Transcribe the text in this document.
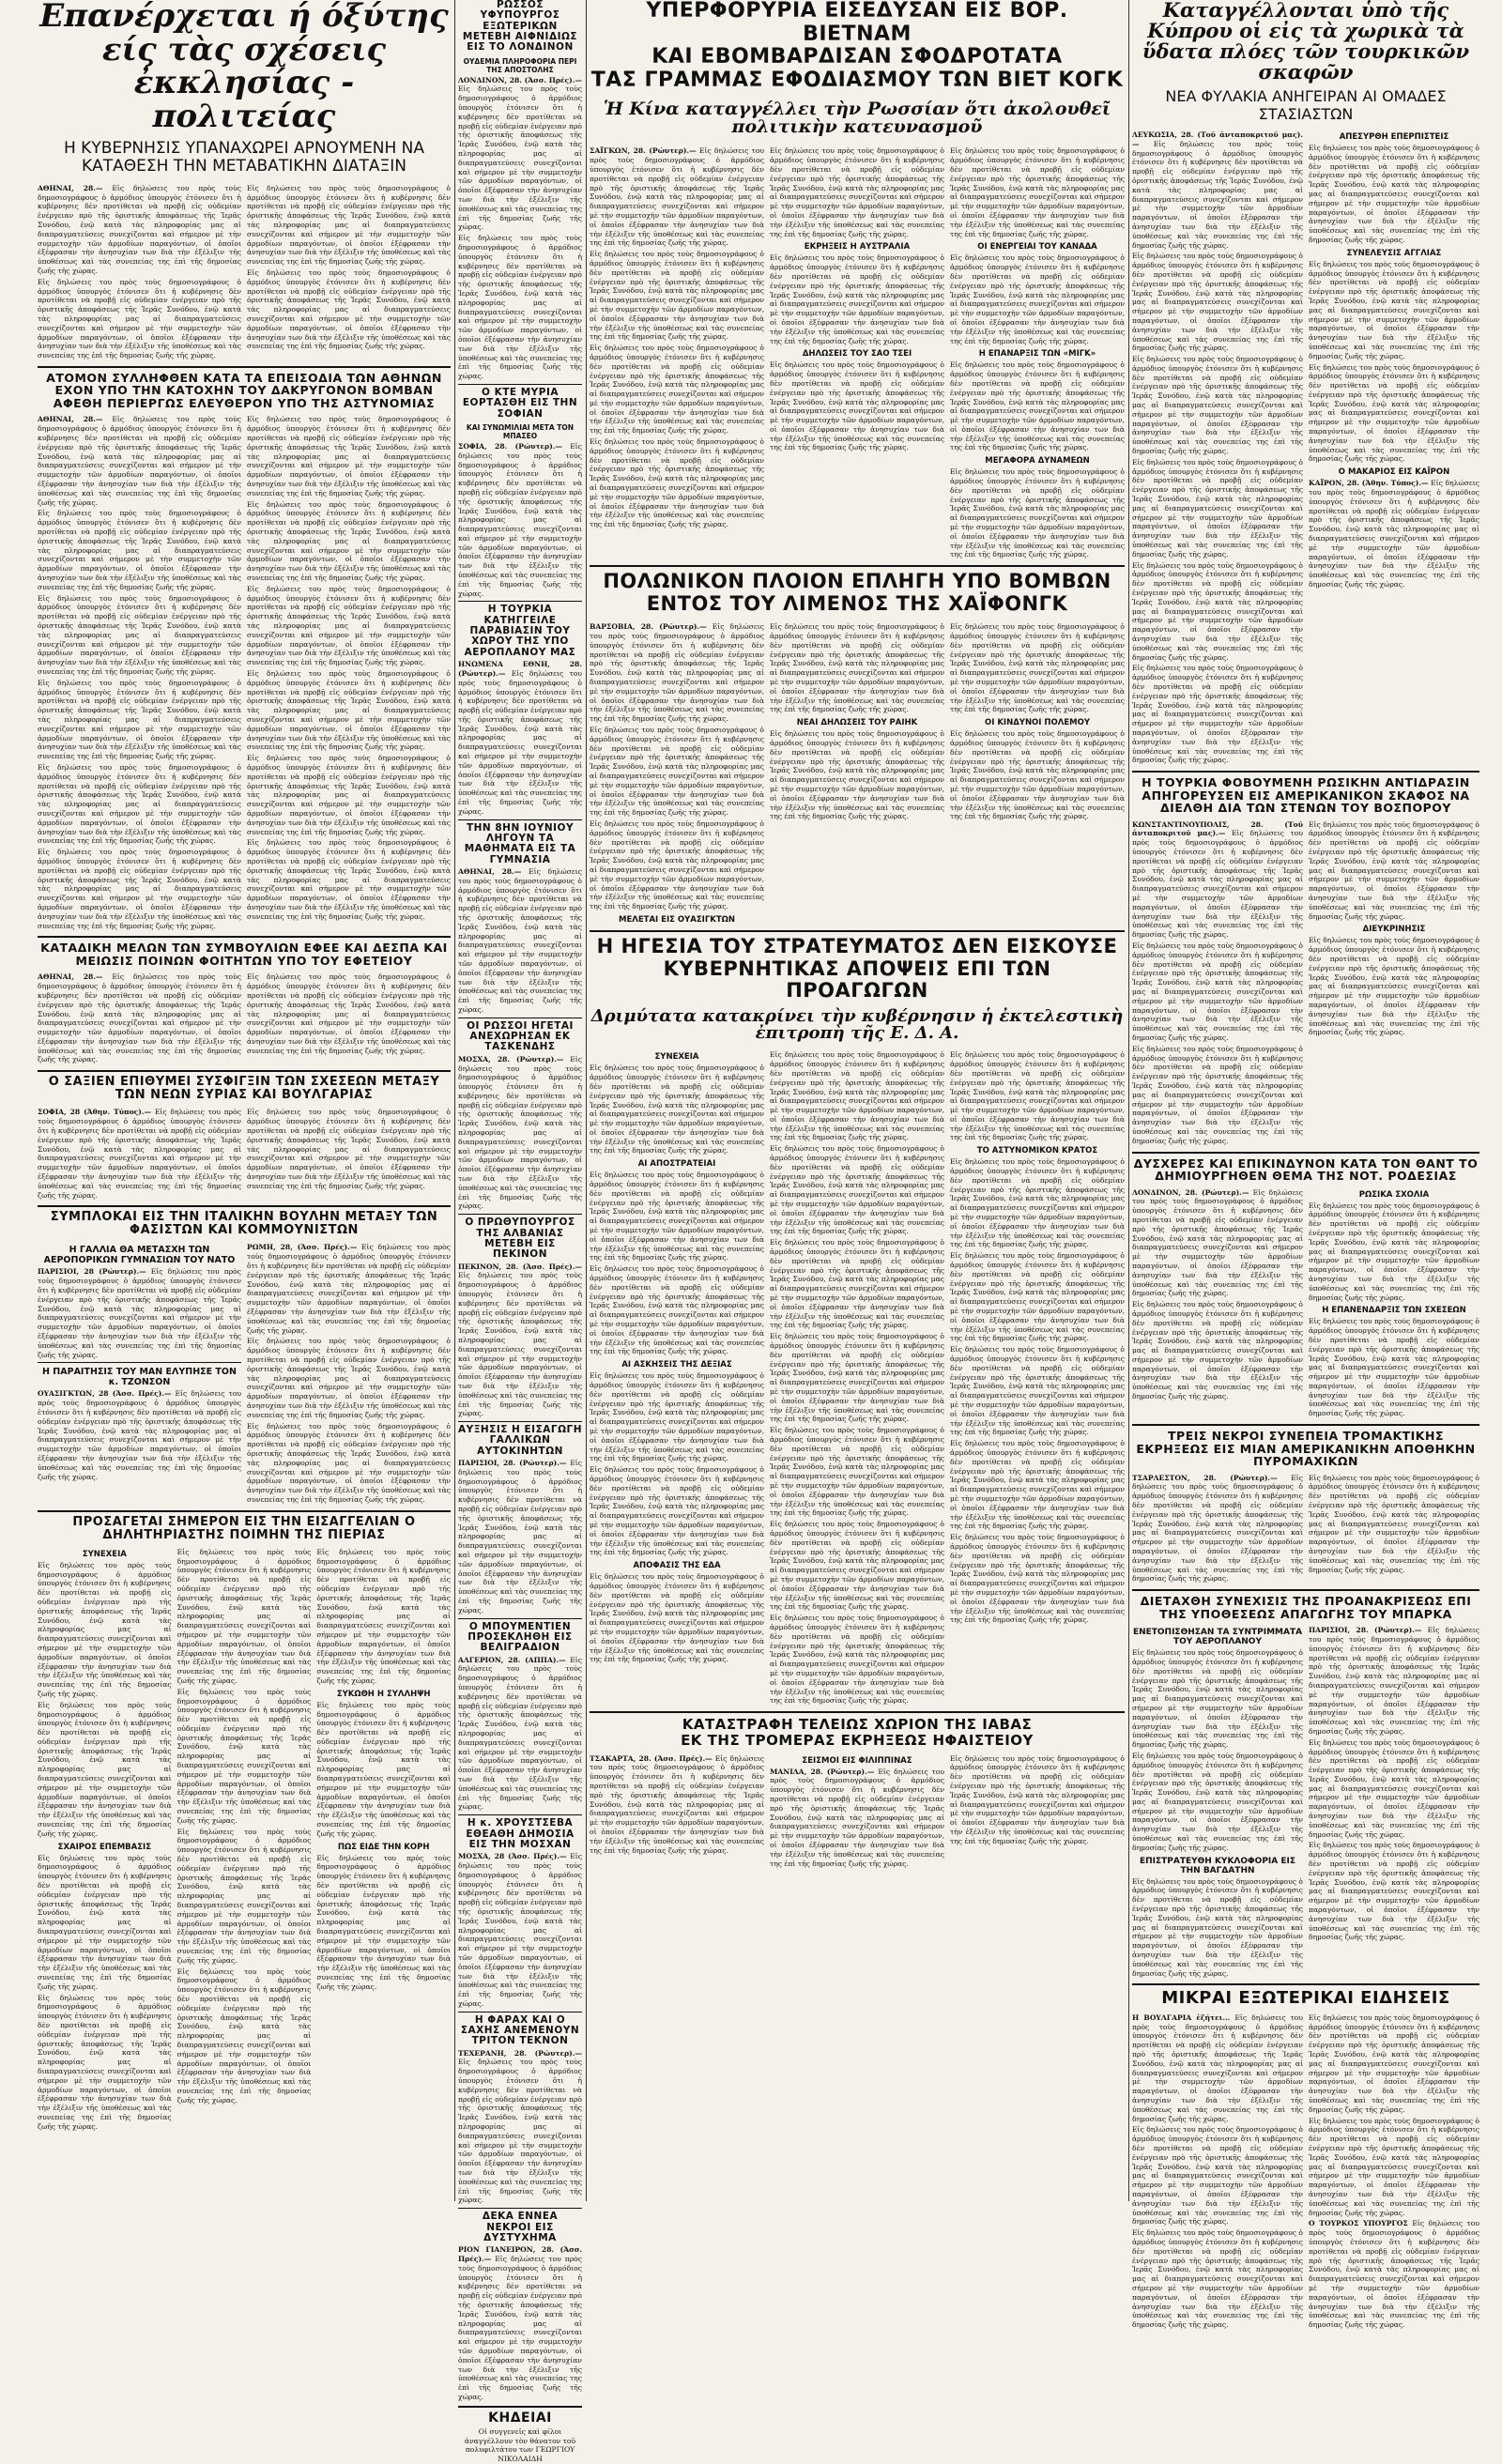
Επανέρχεται ή όξύτης είς τὰς σχέσεις ἐκκλησίας - πολιτείας
Η ΚΥΒΕΡΝΗΣΙΣ ΥΠΑΝΑΧΩΡΕΙ ΑΡΝΟΥΜΕΝΗ ΝΑ ΚΑΤΑΘΕΣΗ ΤΗΝ ΜΕΤΑΒΑΤΙΚΗΝ ΔΙΑΤΑΞΙΝ

ΑΘΗΝΑΙ, 28.— Εἰς δηλώσεις του πρὸς τοὺς δημοσιογράφους ὁ ἀρμόδιος ὑπουργὸς ἐτόνισεν ὅτι ἡ κυβέρνησις δὲν προτίθεται νὰ προβῇ εἰς οὐδεμίαν ἐνέργειαν πρὸ τῆς ὁριστικῆς ἀποφάσεως τῆς Ἱερᾶς Συνόδου, ἐνῷ κατὰ τὰς πληροφορίας μας αἱ διαπραγματεύσεις συνεχίζονται καὶ σήμερον μὲ τὴν συμμετοχὴν τῶν ἁρμοδίων παραγόντων, οἱ ὁποῖοι ἐξέφρασαν τὴν ἀνησυχίαν των διὰ τὴν ἐξέλιξιν τῆς ὑποθέσεως καὶ τὰς συνεπείας της ἐπὶ τῆς δημοσίας ζωῆς τῆς χώρας.

Εἰς δηλώσεις του πρὸς τοὺς δημοσιογράφους ὁ ἀρμόδιος ὑπουργὸς ἐτόνισεν ὅτι ἡ κυβέρνησις δὲν προτίθεται νὰ προβῇ εἰς οὐδεμίαν ἐνέργειαν πρὸ τῆς ὁριστικῆς ἀποφάσεως τῆς Ἱερᾶς Συνόδου, ἐνῷ κατὰ τὰς πληροφορίας μας αἱ διαπραγματεύσεις συνεχίζονται καὶ σήμερον μὲ τὴν συμμετοχὴν τῶν ἁρμοδίων παραγόντων, οἱ ὁποῖοι ἐξέφρασαν τὴν ἀνησυχίαν των διὰ τὴν ἐξέλιξιν τῆς ὑποθέσεως καὶ τὰς συνεπείας της ἐπὶ τῆς δημοσίας ζωῆς τῆς χώρας.

Εἰς δηλώσεις του πρὸς τοὺς δημοσιογράφους ὁ ἀρμόδιος ὑπουργὸς ἐτόνισεν ὅτι ἡ κυβέρνησις δὲν προτίθεται νὰ προβῇ εἰς οὐδεμίαν ἐνέργειαν πρὸ τῆς ὁριστικῆς ἀποφάσεως τῆς Ἱερᾶς Συνόδου, ἐνῷ κατὰ τὰς πληροφορίας μας αἱ διαπραγματεύσεις συνεχίζονται καὶ σήμερον μὲ τὴν συμμετοχὴν τῶν ἁρμοδίων παραγόντων, οἱ ὁποῖοι ἐξέφρασαν τὴν ἀνησυχίαν των διὰ τὴν ἐξέλιξιν τῆς ὑποθέσεως καὶ τὰς συνεπείας της ἐπὶ τῆς δημοσίας ζωῆς τῆς χώρας.

Εἰς δηλώσεις του πρὸς τοὺς δημοσιογράφους ὁ ἀρμόδιος ὑπουργὸς ἐτόνισεν ὅτι ἡ κυβέρνησις δὲν προτίθεται νὰ προβῇ εἰς οὐδεμίαν ἐνέργειαν πρὸ τῆς ὁριστικῆς ἀποφάσεως τῆς Ἱερᾶς Συνόδου, ἐνῷ κατὰ τὰς πληροφορίας μας αἱ διαπραγματεύσεις συνεχίζονται καὶ σήμερον μὲ τὴν συμμετοχὴν τῶν ἁρμοδίων παραγόντων, οἱ ὁποῖοι ἐξέφρασαν τὴν ἀνησυχίαν των διὰ τὴν ἐξέλιξιν τῆς ὑποθέσεως καὶ τὰς συνεπείας της ἐπὶ τῆς δημοσίας ζωῆς τῆς χώρας.

ΑΤΟΜΟΝ ΣΥΛΛΗΦΘΕΝ ΚΑΤΑ ΤΑ ΕΠΕΙΣΟΔΙΑ ΤΩΝ ΑΘΗΝΩΝ ΕΧΟΝ ΥΠΟ ΤΗΝ ΚΑΤΟΧΗΝ ΤΟΥ ΔΑΚΡΥΓΟΝΟΝ ΒΟΜΒΑΝ ΑΦΕΘΗ ΠΕΡΙΕΡΓΩΣ ΕΛΕΥΘΕΡΟΝ ΥΠΟ ΤΗΣ ΑΣΤΥΝΟΜΙΑΣ

ΑΘΗΝΑΙ, 28.— Εἰς δηλώσεις του πρὸς τοὺς δημοσιογράφους ὁ ἀρμόδιος ὑπουργὸς ἐτόνισεν ὅτι ἡ κυβέρνησις δὲν προτίθεται νὰ προβῇ εἰς οὐδεμίαν ἐνέργειαν πρὸ τῆς ὁριστικῆς ἀποφάσεως τῆς Ἱερᾶς Συνόδου, ἐνῷ κατὰ τὰς πληροφορίας μας αἱ διαπραγματεύσεις συνεχίζονται καὶ σήμερον μὲ τὴν συμμετοχὴν τῶν ἁρμοδίων παραγόντων, οἱ ὁποῖοι ἐξέφρασαν τὴν ἀνησυχίαν των διὰ τὴν ἐξέλιξιν τῆς ὑποθέσεως καὶ τὰς συνεπείας της ἐπὶ τῆς δημοσίας ζωῆς τῆς χώρας.

Εἰς δηλώσεις του πρὸς τοὺς δημοσιογράφους ὁ ἀρμόδιος ὑπουργὸς ἐτόνισεν ὅτι ἡ κυβέρνησις δὲν προτίθεται νὰ προβῇ εἰς οὐδεμίαν ἐνέργειαν πρὸ τῆς ὁριστικῆς ἀποφάσεως τῆς Ἱερᾶς Συνόδου, ἐνῷ κατὰ τὰς πληροφορίας μας αἱ διαπραγματεύσεις συνεχίζονται καὶ σήμερον μὲ τὴν συμμετοχὴν τῶν ἁρμοδίων παραγόντων, οἱ ὁποῖοι ἐξέφρασαν τὴν ἀνησυχίαν των διὰ τὴν ἐξέλιξιν τῆς ὑποθέσεως καὶ τὰς συνεπείας της ἐπὶ τῆς δημοσίας ζωῆς τῆς χώρας.

Εἰς δηλώσεις του πρὸς τοὺς δημοσιογράφους ὁ ἀρμόδιος ὑπουργὸς ἐτόνισεν ὅτι ἡ κυβέρνησις δὲν προτίθεται νὰ προβῇ εἰς οὐδεμίαν ἐνέργειαν πρὸ τῆς ὁριστικῆς ἀποφάσεως τῆς Ἱερᾶς Συνόδου, ἐνῷ κατὰ τὰς πληροφορίας μας αἱ διαπραγματεύσεις συνεχίζονται καὶ σήμερον μὲ τὴν συμμετοχὴν τῶν ἁρμοδίων παραγόντων, οἱ ὁποῖοι ἐξέφρασαν τὴν ἀνησυχίαν των διὰ τὴν ἐξέλιξιν τῆς ὑποθέσεως καὶ τὰς συνεπείας της ἐπὶ τῆς δημοσίας ζωῆς τῆς χώρας.

Εἰς δηλώσεις του πρὸς τοὺς δημοσιογράφους ὁ ἀρμόδιος ὑπουργὸς ἐτόνισεν ὅτι ἡ κυβέρνησις δὲν προτίθεται νὰ προβῇ εἰς οὐδεμίαν ἐνέργειαν πρὸ τῆς ὁριστικῆς ἀποφάσεως τῆς Ἱερᾶς Συνόδου, ἐνῷ κατὰ τὰς πληροφορίας μας αἱ διαπραγματεύσεις συνεχίζονται καὶ σήμερον μὲ τὴν συμμετοχὴν τῶν ἁρμοδίων παραγόντων, οἱ ὁποῖοι ἐξέφρασαν τὴν ἀνησυχίαν των διὰ τὴν ἐξέλιξιν τῆς ὑποθέσεως καὶ τὰς συνεπείας της ἐπὶ τῆς δημοσίας ζωῆς τῆς χώρας.

Εἰς δηλώσεις του πρὸς τοὺς δημοσιογράφους ὁ ἀρμόδιος ὑπουργὸς ἐτόνισεν ὅτι ἡ κυβέρνησις δὲν προτίθεται νὰ προβῇ εἰς οὐδεμίαν ἐνέργειαν πρὸ τῆς ὁριστικῆς ἀποφάσεως τῆς Ἱερᾶς Συνόδου, ἐνῷ κατὰ τὰς πληροφορίας μας αἱ διαπραγματεύσεις συνεχίζονται καὶ σήμερον μὲ τὴν συμμετοχὴν τῶν ἁρμοδίων παραγόντων, οἱ ὁποῖοι ἐξέφρασαν τὴν ἀνησυχίαν των διὰ τὴν ἐξέλιξιν τῆς ὑποθέσεως καὶ τὰς συνεπείας της ἐπὶ τῆς δημοσίας ζωῆς τῆς χώρας.

Εἰς δηλώσεις του πρὸς τοὺς δημοσιογράφους ὁ ἀρμόδιος ὑπουργὸς ἐτόνισεν ὅτι ἡ κυβέρνησις δὲν προτίθεται νὰ προβῇ εἰς οὐδεμίαν ἐνέργειαν πρὸ τῆς ὁριστικῆς ἀποφάσεως τῆς Ἱερᾶς Συνόδου, ἐνῷ κατὰ τὰς πληροφορίας μας αἱ διαπραγματεύσεις συνεχίζονται καὶ σήμερον μὲ τὴν συμμετοχὴν τῶν ἁρμοδίων παραγόντων, οἱ ὁποῖοι ἐξέφρασαν τὴν ἀνησυχίαν των διὰ τὴν ἐξέλιξιν τῆς ὑποθέσεως καὶ τὰς συνεπείας της ἐπὶ τῆς δημοσίας ζωῆς τῆς χώρας.

Εἰς δηλώσεις του πρὸς τοὺς δημοσιογράφους ὁ ἀρμόδιος ὑπουργὸς ἐτόνισεν ὅτι ἡ κυβέρνησις δὲν προτίθεται νὰ προβῇ εἰς οὐδεμίαν ἐνέργειαν πρὸ τῆς ὁριστικῆς ἀποφάσεως τῆς Ἱερᾶς Συνόδου, ἐνῷ κατὰ τὰς πληροφορίας μας αἱ διαπραγματεύσεις συνεχίζονται καὶ σήμερον μὲ τὴν συμμετοχὴν τῶν ἁρμοδίων παραγόντων, οἱ ὁποῖοι ἐξέφρασαν τὴν ἀνησυχίαν των διὰ τὴν ἐξέλιξιν τῆς ὑποθέσεως καὶ τὰς συνεπείας της ἐπὶ τῆς δημοσίας ζωῆς τῆς χώρας.

Εἰς δηλώσεις του πρὸς τοὺς δημοσιογράφους ὁ ἀρμόδιος ὑπουργὸς ἐτόνισεν ὅτι ἡ κυβέρνησις δὲν προτίθεται νὰ προβῇ εἰς οὐδεμίαν ἐνέργειαν πρὸ τῆς ὁριστικῆς ἀποφάσεως τῆς Ἱερᾶς Συνόδου, ἐνῷ κατὰ τὰς πληροφορίας μας αἱ διαπραγματεύσεις συνεχίζονται καὶ σήμερον μὲ τὴν συμμετοχὴν τῶν ἁρμοδίων παραγόντων, οἱ ὁποῖοι ἐξέφρασαν τὴν ἀνησυχίαν των διὰ τὴν ἐξέλιξιν τῆς ὑποθέσεως καὶ τὰς συνεπείας της ἐπὶ τῆς δημοσίας ζωῆς τῆς χώρας.

Εἰς δηλώσεις του πρὸς τοὺς δημοσιογράφους ὁ ἀρμόδιος ὑπουργὸς ἐτόνισεν ὅτι ἡ κυβέρνησις δὲν προτίθεται νὰ προβῇ εἰς οὐδεμίαν ἐνέργειαν πρὸ τῆς ὁριστικῆς ἀποφάσεως τῆς Ἱερᾶς Συνόδου, ἐνῷ κατὰ τὰς πληροφορίας μας αἱ διαπραγματεύσεις συνεχίζονται καὶ σήμερον μὲ τὴν συμμετοχὴν τῶν ἁρμοδίων παραγόντων, οἱ ὁποῖοι ἐξέφρασαν τὴν ἀνησυχίαν των διὰ τὴν ἐξέλιξιν τῆς ὑποθέσεως καὶ τὰς συνεπείας της ἐπὶ τῆς δημοσίας ζωῆς τῆς χώρας.

Εἰς δηλώσεις του πρὸς τοὺς δημοσιογράφους ὁ ἀρμόδιος ὑπουργὸς ἐτόνισεν ὅτι ἡ κυβέρνησις δὲν προτίθεται νὰ προβῇ εἰς οὐδεμίαν ἐνέργειαν πρὸ τῆς ὁριστικῆς ἀποφάσεως τῆς Ἱερᾶς Συνόδου, ἐνῷ κατὰ τὰς πληροφορίας μας αἱ διαπραγματεύσεις συνεχίζονται καὶ σήμερον μὲ τὴν συμμετοχὴν τῶν ἁρμοδίων παραγόντων, οἱ ὁποῖοι ἐξέφρασαν τὴν ἀνησυχίαν των διὰ τὴν ἐξέλιξιν τῆς ὑποθέσεως καὶ τὰς συνεπείας της ἐπὶ τῆς δημοσίας ζωῆς τῆς χώρας.

Εἰς δηλώσεις του πρὸς τοὺς δημοσιογράφους ὁ ἀρμόδιος ὑπουργὸς ἐτόνισεν ὅτι ἡ κυβέρνησις δὲν προτίθεται νὰ προβῇ εἰς οὐδεμίαν ἐνέργειαν πρὸ τῆς ὁριστικῆς ἀποφάσεως τῆς Ἱερᾶς Συνόδου, ἐνῷ κατὰ τὰς πληροφορίας μας αἱ διαπραγματεύσεις συνεχίζονται καὶ σήμερον μὲ τὴν συμμετοχὴν τῶν ἁρμοδίων παραγόντων, οἱ ὁποῖοι ἐξέφρασαν τὴν ἀνησυχίαν των διὰ τὴν ἐξέλιξιν τῆς ὑποθέσεως καὶ τὰς συνεπείας της ἐπὶ τῆς δημοσίας ζωῆς τῆς χώρας.

Εἰς δηλώσεις του πρὸς τοὺς δημοσιογράφους ὁ ἀρμόδιος ὑπουργὸς ἐτόνισεν ὅτι ἡ κυβέρνησις δὲν προτίθεται νὰ προβῇ εἰς οὐδεμίαν ἐνέργειαν πρὸ τῆς ὁριστικῆς ἀποφάσεως τῆς Ἱερᾶς Συνόδου, ἐνῷ κατὰ τὰς πληροφορίας μας αἱ διαπραγματεύσεις συνεχίζονται καὶ σήμερον μὲ τὴν συμμετοχὴν τῶν ἁρμοδίων παραγόντων, οἱ ὁποῖοι ἐξέφρασαν τὴν ἀνησυχίαν των διὰ τὴν ἐξέλιξιν τῆς ὑποθέσεως καὶ τὰς συνεπείας της ἐπὶ τῆς δημοσίας ζωῆς τῆς χώρας.

ΚΑΤΑΔΙΚΗ ΜΕΛΩΝ ΤΩΝ ΣΥΜΒΟΥΛΙΩΝ ΕΦΕΕ ΚΑΙ ΔΕΣΠΑ ΚΑΙ ΜΕΙΩΣΙΣ ΠΟΙΝΩΝ ΦΟΙΤΗΤΩΝ ΥΠΟ ΤΟΥ ΕΦΕΤΕΙΟΥ

ΑΘΗΝΑΙ, 28.— Εἰς δηλώσεις του πρὸς τοὺς δημοσιογράφους ὁ ἀρμόδιος ὑπουργὸς ἐτόνισεν ὅτι ἡ κυβέρνησις δὲν προτίθεται νὰ προβῇ εἰς οὐδεμίαν ἐνέργειαν πρὸ τῆς ὁριστικῆς ἀποφάσεως τῆς Ἱερᾶς Συνόδου, ἐνῷ κατὰ τὰς πληροφορίας μας αἱ διαπραγματεύσεις συνεχίζονται καὶ σήμερον μὲ τὴν συμμετοχὴν τῶν ἁρμοδίων παραγόντων, οἱ ὁποῖοι ἐξέφρασαν τὴν ἀνησυχίαν των διὰ τὴν ἐξέλιξιν τῆς ὑποθέσεως καὶ τὰς συνεπείας της ἐπὶ τῆς δημοσίας ζωῆς τῆς χώρας.

Εἰς δηλώσεις του πρὸς τοὺς δημοσιογράφους ὁ ἀρμόδιος ὑπουργὸς ἐτόνισεν ὅτι ἡ κυβέρνησις δὲν προτίθεται νὰ προβῇ εἰς οὐδεμίαν ἐνέργειαν πρὸ τῆς ὁριστικῆς ἀποφάσεως τῆς Ἱερᾶς Συνόδου, ἐνῷ κατὰ τὰς πληροφορίας μας αἱ διαπραγματεύσεις συνεχίζονται καὶ σήμερον μὲ τὴν συμμετοχὴν τῶν ἁρμοδίων παραγόντων, οἱ ὁποῖοι ἐξέφρασαν τὴν ἀνησυχίαν των διὰ τὴν ἐξέλιξιν τῆς ὑποθέσεως καὶ τὰς συνεπείας της ἐπὶ τῆς δημοσίας ζωῆς τῆς χώρας.

Ο ΣΑΞΙΕΝ ΕΠΙΘΥΜΕΙ ΣΥΣΦΙΓΞΙΝ ΤΩΝ ΣΧΕΣΕΩΝ ΜΕΤΑΞΥ ΤΩΝ ΝΕΩΝ ΣΥΡΙΑΣ ΚΑΙ ΒΟΥΛΓΑΡΙΑΣ

ΣΟΦΙΑ, 28 (Ἀθην. Τύπος).— Εἰς δηλώσεις του πρὸς τοὺς δημοσιογράφους ὁ ἀρμόδιος ὑπουργὸς ἐτόνισεν ὅτι ἡ κυβέρνησις δὲν προτίθεται νὰ προβῇ εἰς οὐδεμίαν ἐνέργειαν πρὸ τῆς ὁριστικῆς ἀποφάσεως τῆς Ἱερᾶς Συνόδου, ἐνῷ κατὰ τὰς πληροφορίας μας αἱ διαπραγματεύσεις συνεχίζονται καὶ σήμερον μὲ τὴν συμμετοχὴν τῶν ἁρμοδίων παραγόντων, οἱ ὁποῖοι ἐξέφρασαν τὴν ἀνησυχίαν των διὰ τὴν ἐξέλιξιν τῆς ὑποθέσεως καὶ τὰς συνεπείας της ἐπὶ τῆς δημοσίας ζωῆς τῆς χώρας.

Εἰς δηλώσεις του πρὸς τοὺς δημοσιογράφους ὁ ἀρμόδιος ὑπουργὸς ἐτόνισεν ὅτι ἡ κυβέρνησις δὲν προτίθεται νὰ προβῇ εἰς οὐδεμίαν ἐνέργειαν πρὸ τῆς ὁριστικῆς ἀποφάσεως τῆς Ἱερᾶς Συνόδου, ἐνῷ κατὰ τὰς πληροφορίας μας αἱ διαπραγματεύσεις συνεχίζονται καὶ σήμερον μὲ τὴν συμμετοχὴν τῶν ἁρμοδίων παραγόντων, οἱ ὁποῖοι ἐξέφρασαν τὴν ἀνησυχίαν των διὰ τὴν ἐξέλιξιν τῆς ὑποθέσεως καὶ τὰς συνεπείας της ἐπὶ τῆς δημοσίας ζωῆς τῆς χώρας.

ΣΥΜΠΛΟΚΑΙ ΕΙΣ ΤΗΝ ΙΤΑΛΙΚΗΝ ΒΟΥΛΗΝ ΜΕΤΑΞΥ ΤΩΝ ΦΑΣΙΣΤΩΝ ΚΑΙ ΚΟΜΜΟΥΝΙΣΤΩΝ
Η ΓΑΛΛΙΑ ΘΑ ΜΕΤΑΣΧΗ ΤΩΝ ΑΕΡΟΠΟΡΙΚΩΝ ΓΥΜΝΑΣΙΩΝ ΤΟΥ ΝΑΤΟ

ΠΑΡΙΣΙΟΙ, 28 (Ρώυτερ).— Εἰς δηλώσεις του πρὸς τοὺς δημοσιογράφους ὁ ἀρμόδιος ὑπουργὸς ἐτόνισεν ὅτι ἡ κυβέρνησις δὲν προτίθεται νὰ προβῇ εἰς οὐδεμίαν ἐνέργειαν πρὸ τῆς ὁριστικῆς ἀποφάσεως τῆς Ἱερᾶς Συνόδου, ἐνῷ κατὰ τὰς πληροφορίας μας αἱ διαπραγματεύσεις συνεχίζονται καὶ σήμερον μὲ τὴν συμμετοχὴν τῶν ἁρμοδίων παραγόντων, οἱ ὁποῖοι ἐξέφρασαν τὴν ἀνησυχίαν των διὰ τὴν ἐξέλιξιν τῆς ὑποθέσεως καὶ τὰς συνεπείας της ἐπὶ τῆς δημοσίας ζωῆς τῆς χώρας.

Η ΠΑΡΑΙΤΗΣΙΣ ΤΟΥ ΜΑΝ ΕΛΥΠΗΣΕ ΤΟΝ κ. ΤΖΟΝΣΟΝ

ΟΥΑΣΙΓΚΤΩΝ, 28 (Ἀσσ. Πρές).— Εἰς δηλώσεις του πρὸς τοὺς δημοσιογράφους ὁ ἀρμόδιος ὑπουργὸς ἐτόνισεν ὅτι ἡ κυβέρνησις δὲν προτίθεται νὰ προβῇ εἰς οὐδεμίαν ἐνέργειαν πρὸ τῆς ὁριστικῆς ἀποφάσεως τῆς Ἱερᾶς Συνόδου, ἐνῷ κατὰ τὰς πληροφορίας μας αἱ διαπραγματεύσεις συνεχίζονται καὶ σήμερον μὲ τὴν συμμετοχὴν τῶν ἁρμοδίων παραγόντων, οἱ ὁποῖοι ἐξέφρασαν τὴν ἀνησυχίαν των διὰ τὴν ἐξέλιξιν τῆς ὑποθέσεως καὶ τὰς συνεπείας της ἐπὶ τῆς δημοσίας ζωῆς τῆς χώρας.

ΡΩΜΗ, 28, (Ἀσσ. Πρές).— Εἰς δηλώσεις του πρὸς τοὺς δημοσιογράφους ὁ ἀρμόδιος ὑπουργὸς ἐτόνισεν ὅτι ἡ κυβέρνησις δὲν προτίθεται νὰ προβῇ εἰς οὐδεμίαν ἐνέργειαν πρὸ τῆς ὁριστικῆς ἀποφάσεως τῆς Ἱερᾶς Συνόδου, ἐνῷ κατὰ τὰς πληροφορίας μας αἱ διαπραγματεύσεις συνεχίζονται καὶ σήμερον μὲ τὴν συμμετοχὴν τῶν ἁρμοδίων παραγόντων, οἱ ὁποῖοι ἐξέφρασαν τὴν ἀνησυχίαν των διὰ τὴν ἐξέλιξιν τῆς ὑποθέσεως καὶ τὰς συνεπείας της ἐπὶ τῆς δημοσίας ζωῆς τῆς χώρας.

Εἰς δηλώσεις του πρὸς τοὺς δημοσιογράφους ὁ ἀρμόδιος ὑπουργὸς ἐτόνισεν ὅτι ἡ κυβέρνησις δὲν προτίθεται νὰ προβῇ εἰς οὐδεμίαν ἐνέργειαν πρὸ τῆς ὁριστικῆς ἀποφάσεως τῆς Ἱερᾶς Συνόδου, ἐνῷ κατὰ τὰς πληροφορίας μας αἱ διαπραγματεύσεις συνεχίζονται καὶ σήμερον μὲ τὴν συμμετοχὴν τῶν ἁρμοδίων παραγόντων, οἱ ὁποῖοι ἐξέφρασαν τὴν ἀνησυχίαν των διὰ τὴν ἐξέλιξιν τῆς ὑποθέσεως καὶ τὰς συνεπείας της ἐπὶ τῆς δημοσίας ζωῆς τῆς χώρας.

Εἰς δηλώσεις του πρὸς τοὺς δημοσιογράφους ὁ ἀρμόδιος ὑπουργὸς ἐτόνισεν ὅτι ἡ κυβέρνησις δὲν προτίθεται νὰ προβῇ εἰς οὐδεμίαν ἐνέργειαν πρὸ τῆς ὁριστικῆς ἀποφάσεως τῆς Ἱερᾶς Συνόδου, ἐνῷ κατὰ τὰς πληροφορίας μας αἱ διαπραγματεύσεις συνεχίζονται καὶ σήμερον μὲ τὴν συμμετοχὴν τῶν ἁρμοδίων παραγόντων, οἱ ὁποῖοι ἐξέφρασαν τὴν ἀνησυχίαν των διὰ τὴν ἐξέλιξιν τῆς ὑποθέσεως καὶ τὰς συνεπείας της ἐπὶ τῆς δημοσίας ζωῆς τῆς χώρας.

ΠΡΟΣΑΓΕΤΑΙ ΣΗΜΕΡΟΝ ΕΙΣ ΤΗΝ ΕΙΣΑΓΓΕΛΙΑΝ Ο ΔΗΛΗΤΗΡΙΑΣΤΗΣ ΠΟΙΜΗΝ ΤΗΣ ΠΙΕΡΙΑΣ
ΣΥΝΕΧΕΙΑ

Εἰς δηλώσεις του πρὸς τοὺς δημοσιογράφους ὁ ἀρμόδιος ὑπουργὸς ἐτόνισεν ὅτι ἡ κυβέρνησις δὲν προτίθεται νὰ προβῇ εἰς οὐδεμίαν ἐνέργειαν πρὸ τῆς ὁριστικῆς ἀποφάσεως τῆς Ἱερᾶς Συνόδου, ἐνῷ κατὰ τὰς πληροφορίας μας αἱ διαπραγματεύσεις συνεχίζονται καὶ σήμερον μὲ τὴν συμμετοχὴν τῶν ἁρμοδίων παραγόντων, οἱ ὁποῖοι ἐξέφρασαν τὴν ἀνησυχίαν των διὰ τὴν ἐξέλιξιν τῆς ὑποθέσεως καὶ τὰς συνεπείας της ἐπὶ τῆς δημοσίας ζωῆς τῆς χώρας.

Εἰς δηλώσεις του πρὸς τοὺς δημοσιογράφους ὁ ἀρμόδιος ὑπουργὸς ἐτόνισεν ὅτι ἡ κυβέρνησις δὲν προτίθεται νὰ προβῇ εἰς οὐδεμίαν ἐνέργειαν πρὸ τῆς ὁριστικῆς ἀποφάσεως τῆς Ἱερᾶς Συνόδου, ἐνῷ κατὰ τὰς πληροφορίας μας αἱ διαπραγματεύσεις συνεχίζονται καὶ σήμερον μὲ τὴν συμμετοχὴν τῶν ἁρμοδίων παραγόντων, οἱ ὁποῖοι ἐξέφρασαν τὴν ἀνησυχίαν των διὰ τὴν ἐξέλιξιν τῆς ὑποθέσεως καὶ τὰς συνεπείας της ἐπὶ τῆς δημοσίας ζωῆς τῆς χώρας.

ΣΧΑΙΡΟΣ ΕΠΕΜΒΑΣΙΣ

Εἰς δηλώσεις του πρὸς τοὺς δημοσιογράφους ὁ ἀρμόδιος ὑπουργὸς ἐτόνισεν ὅτι ἡ κυβέρνησις δὲν προτίθεται νὰ προβῇ εἰς οὐδεμίαν ἐνέργειαν πρὸ τῆς ὁριστικῆς ἀποφάσεως τῆς Ἱερᾶς Συνόδου, ἐνῷ κατὰ τὰς πληροφορίας μας αἱ διαπραγματεύσεις συνεχίζονται καὶ σήμερον μὲ τὴν συμμετοχὴν τῶν ἁρμοδίων παραγόντων, οἱ ὁποῖοι ἐξέφρασαν τὴν ἀνησυχίαν των διὰ τὴν ἐξέλιξιν τῆς ὑποθέσεως καὶ τὰς συνεπείας της ἐπὶ τῆς δημοσίας ζωῆς τῆς χώρας.

Εἰς δηλώσεις του πρὸς τοὺς δημοσιογράφους ὁ ἀρμόδιος ὑπουργὸς ἐτόνισεν ὅτι ἡ κυβέρνησις δὲν προτίθεται νὰ προβῇ εἰς οὐδεμίαν ἐνέργειαν πρὸ τῆς ὁριστικῆς ἀποφάσεως τῆς Ἱερᾶς Συνόδου, ἐνῷ κατὰ τὰς πληροφορίας μας αἱ διαπραγματεύσεις συνεχίζονται καὶ σήμερον μὲ τὴν συμμετοχὴν τῶν ἁρμοδίων παραγόντων, οἱ ὁποῖοι ἐξέφρασαν τὴν ἀνησυχίαν των διὰ τὴν ἐξέλιξιν τῆς ὑποθέσεως καὶ τὰς συνεπείας της ἐπὶ τῆς δημοσίας ζωῆς τῆς χώρας.

Εἰς δηλώσεις του πρὸς τοὺς δημοσιογράφους ὁ ἀρμόδιος ὑπουργὸς ἐτόνισεν ὅτι ἡ κυβέρνησις δὲν προτίθεται νὰ προβῇ εἰς οὐδεμίαν ἐνέργειαν πρὸ τῆς ὁριστικῆς ἀποφάσεως τῆς Ἱερᾶς Συνόδου, ἐνῷ κατὰ τὰς πληροφορίας μας αἱ διαπραγματεύσεις συνεχίζονται καὶ σήμερον μὲ τὴν συμμετοχὴν τῶν ἁρμοδίων παραγόντων, οἱ ὁποῖοι ἐξέφρασαν τὴν ἀνησυχίαν των διὰ τὴν ἐξέλιξιν τῆς ὑποθέσεως καὶ τὰς συνεπείας της ἐπὶ τῆς δημοσίας ζωῆς τῆς χώρας.

Εἰς δηλώσεις του πρὸς τοὺς δημοσιογράφους ὁ ἀρμόδιος ὑπουργὸς ἐτόνισεν ὅτι ἡ κυβέρνησις δὲν προτίθεται νὰ προβῇ εἰς οὐδεμίαν ἐνέργειαν πρὸ τῆς ὁριστικῆς ἀποφάσεως τῆς Ἱερᾶς Συνόδου, ἐνῷ κατὰ τὰς πληροφορίας μας αἱ διαπραγματεύσεις συνεχίζονται καὶ σήμερον μὲ τὴν συμμετοχὴν τῶν ἁρμοδίων παραγόντων, οἱ ὁποῖοι ἐξέφρασαν τὴν ἀνησυχίαν των διὰ τὴν ἐξέλιξιν τῆς ὑποθέσεως καὶ τὰς συνεπείας της ἐπὶ τῆς δημοσίας ζωῆς τῆς χώρας.

Εἰς δηλώσεις του πρὸς τοὺς δημοσιογράφους ὁ ἀρμόδιος ὑπουργὸς ἐτόνισεν ὅτι ἡ κυβέρνησις δὲν προτίθεται νὰ προβῇ εἰς οὐδεμίαν ἐνέργειαν πρὸ τῆς ὁριστικῆς ἀποφάσεως τῆς Ἱερᾶς Συνόδου, ἐνῷ κατὰ τὰς πληροφορίας μας αἱ διαπραγματεύσεις συνεχίζονται καὶ σήμερον μὲ τὴν συμμετοχὴν τῶν ἁρμοδίων παραγόντων, οἱ ὁποῖοι ἐξέφρασαν τὴν ἀνησυχίαν των διὰ τὴν ἐξέλιξιν τῆς ὑποθέσεως καὶ τὰς συνεπείας της ἐπὶ τῆς δημοσίας ζωῆς τῆς χώρας.

Εἰς δηλώσεις του πρὸς τοὺς δημοσιογράφους ὁ ἀρμόδιος ὑπουργὸς ἐτόνισεν ὅτι ἡ κυβέρνησις δὲν προτίθεται νὰ προβῇ εἰς οὐδεμίαν ἐνέργειαν πρὸ τῆς ὁριστικῆς ἀποφάσεως τῆς Ἱερᾶς Συνόδου, ἐνῷ κατὰ τὰς πληροφορίας μας αἱ διαπραγματεύσεις συνεχίζονται καὶ σήμερον μὲ τὴν συμμετοχὴν τῶν ἁρμοδίων παραγόντων, οἱ ὁποῖοι ἐξέφρασαν τὴν ἀνησυχίαν των διὰ τὴν ἐξέλιξιν τῆς ὑποθέσεως καὶ τὰς συνεπείας της ἐπὶ τῆς δημοσίας ζωῆς τῆς χώρας.

Εἰς δηλώσεις του πρὸς τοὺς δημοσιογράφους ὁ ἀρμόδιος ὑπουργὸς ἐτόνισεν ὅτι ἡ κυβέρνησις δὲν προτίθεται νὰ προβῇ εἰς οὐδεμίαν ἐνέργειαν πρὸ τῆς ὁριστικῆς ἀποφάσεως τῆς Ἱερᾶς Συνόδου, ἐνῷ κατὰ τὰς πληροφορίας μας αἱ διαπραγματεύσεις συνεχίζονται καὶ σήμερον μὲ τὴν συμμετοχὴν τῶν ἁρμοδίων παραγόντων, οἱ ὁποῖοι ἐξέφρασαν τὴν ἀνησυχίαν των διὰ τὴν ἐξέλιξιν τῆς ὑποθέσεως καὶ τὰς συνεπείας της ἐπὶ τῆς δημοσίας ζωῆς τῆς χώρας.

ΣΥΚΩΘΗ Η ΣΥΛΛΗΨΗ

Εἰς δηλώσεις του πρὸς τοὺς δημοσιογράφους ὁ ἀρμόδιος ὑπουργὸς ἐτόνισεν ὅτι ἡ κυβέρνησις δὲν προτίθεται νὰ προβῇ εἰς οὐδεμίαν ἐνέργειαν πρὸ τῆς ὁριστικῆς ἀποφάσεως τῆς Ἱερᾶς Συνόδου, ἐνῷ κατὰ τὰς πληροφορίας μας αἱ διαπραγματεύσεις συνεχίζονται καὶ σήμερον μὲ τὴν συμμετοχὴν τῶν ἁρμοδίων παραγόντων, οἱ ὁποῖοι ἐξέφρασαν τὴν ἀνησυχίαν των διὰ τὴν ἐξέλιξιν τῆς ὑποθέσεως καὶ τὰς συνεπείας της ἐπὶ τῆς δημοσίας ζωῆς τῆς χώρας.

ΠΩΣ ΕΙΔΕ ΤΗΝ ΚΟΡΗ

Εἰς δηλώσεις του πρὸς τοὺς δημοσιογράφους ὁ ἀρμόδιος ὑπουργὸς ἐτόνισεν ὅτι ἡ κυβέρνησις δὲν προτίθεται νὰ προβῇ εἰς οὐδεμίαν ἐνέργειαν πρὸ τῆς ὁριστικῆς ἀποφάσεως τῆς Ἱερᾶς Συνόδου, ἐνῷ κατὰ τὰς πληροφορίας μας αἱ διαπραγματεύσεις συνεχίζονται καὶ σήμερον μὲ τὴν συμμετοχὴν τῶν ἁρμοδίων παραγόντων, οἱ ὁποῖοι ἐξέφρασαν τὴν ἀνησυχίαν των διὰ τὴν ἐξέλιξιν τῆς ὑποθέσεως καὶ τὰς συνεπείας της ἐπὶ τῆς δημοσίας ζωῆς τῆς χώρας.

ΡΩΣΣΟΣ ΥΦΥΠΟΥΡΓΟΣ ΕΞΩΤΕΡΙΚΩΝ ΜΕΤΕΒΗ ΑΙΦΝΙΔΙΩΣ ΕΙΣ ΤΟ ΛΟΝΔΙΝΟΝ
ΟΥΔΕΜΙΑ ΠΛΗΡΟΦΟΡΙΑ ΠΕΡΙ ΤΗΣ ΑΠΟΣΤΟΛΗΣ

ΛΟΝΔΙΝΟΝ, 28. (Ἀσσ. Πρές).— Εἰς δηλώσεις του πρὸς τοὺς δημοσιογράφους ὁ ἀρμόδιος ὑπουργὸς ἐτόνισεν ὅτι ἡ κυβέρνησις δὲν προτίθεται νὰ προβῇ εἰς οὐδεμίαν ἐνέργειαν πρὸ τῆς ὁριστικῆς ἀποφάσεως τῆς Ἱερᾶς Συνόδου, ἐνῷ κατὰ τὰς πληροφορίας μας αἱ διαπραγματεύσεις συνεχίζονται καὶ σήμερον μὲ τὴν συμμετοχὴν τῶν ἁρμοδίων παραγόντων, οἱ ὁποῖοι ἐξέφρασαν τὴν ἀνησυχίαν των διὰ τὴν ἐξέλιξιν τῆς ὑποθέσεως καὶ τὰς συνεπείας της ἐπὶ τῆς δημοσίας ζωῆς τῆς χώρας.

Εἰς δηλώσεις του πρὸς τοὺς δημοσιογράφους ὁ ἀρμόδιος ὑπουργὸς ἐτόνισεν ὅτι ἡ κυβέρνησις δὲν προτίθεται νὰ προβῇ εἰς οὐδεμίαν ἐνέργειαν πρὸ τῆς ὁριστικῆς ἀποφάσεως τῆς Ἱερᾶς Συνόδου, ἐνῷ κατὰ τὰς πληροφορίας μας αἱ διαπραγματεύσεις συνεχίζονται καὶ σήμερον μὲ τὴν συμμετοχὴν τῶν ἁρμοδίων παραγόντων, οἱ ὁποῖοι ἐξέφρασαν τὴν ἀνησυχίαν των διὰ τὴν ἐξέλιξιν τῆς ὑποθέσεως καὶ τὰς συνεπείας της ἐπὶ τῆς δημοσίας ζωῆς τῆς χώρας.

Ο ΚΤΕ ΜΥΡΙΑ ΕΟΡΤΑΣΘΗ ΕΙΣ ΤΗΝ ΣΟΦΙΑΝ
ΚΑΙ ΣΥΝΩΜΙΛΙΑΙ ΜΕΤΑ ΤΟΝ ΜΠΑΣΕΟ

ΣΟΦΙΑ, 28. (Ρώυτερ).— Εἰς δηλώσεις του πρὸς τοὺς δημοσιογράφους ὁ ἀρμόδιος ὑπουργὸς ἐτόνισεν ὅτι ἡ κυβέρνησις δὲν προτίθεται νὰ προβῇ εἰς οὐδεμίαν ἐνέργειαν πρὸ τῆς ὁριστικῆς ἀποφάσεως τῆς Ἱερᾶς Συνόδου, ἐνῷ κατὰ τὰς πληροφορίας μας αἱ διαπραγματεύσεις συνεχίζονται καὶ σήμερον μὲ τὴν συμμετοχὴν τῶν ἁρμοδίων παραγόντων, οἱ ὁποῖοι ἐξέφρασαν τὴν ἀνησυχίαν των διὰ τὴν ἐξέλιξιν τῆς ὑποθέσεως καὶ τὰς συνεπείας της ἐπὶ τῆς δημοσίας ζωῆς τῆς χώρας.

Η ΤΟΥΡΚΙΑ ΚΑΤΗΓΓΕΙΛΕ ΠΑΡΑΒΙΑΣΙΝ ΤΟΥ ΧΩΡΟΥ ΤΗΣ ΥΠΟ ΑΕΡΟΠΛΑΝΟΥ ΜΑΣ

ΗΝΩΜΕΝΑ ΕΘΝΗ, 28. (Ρώυτερ).— Εἰς δηλώσεις του πρὸς τοὺς δημοσιογράφους ὁ ἀρμόδιος ὑπουργὸς ἐτόνισεν ὅτι ἡ κυβέρνησις δὲν προτίθεται νὰ προβῇ εἰς οὐδεμίαν ἐνέργειαν πρὸ τῆς ὁριστικῆς ἀποφάσεως τῆς Ἱερᾶς Συνόδου, ἐνῷ κατὰ τὰς πληροφορίας μας αἱ διαπραγματεύσεις συνεχίζονται καὶ σήμερον μὲ τὴν συμμετοχὴν τῶν ἁρμοδίων παραγόντων, οἱ ὁποῖοι ἐξέφρασαν τὴν ἀνησυχίαν των διὰ τὴν ἐξέλιξιν τῆς ὑποθέσεως καὶ τὰς συνεπείας της ἐπὶ τῆς δημοσίας ζωῆς τῆς χώρας.

ΤΗΝ 8ΗΝ ΙΟΥΝΙΟΥ ΛΗΓΟΥΝ ΤΑ ΜΑΘΗΜΑΤΑ ΕΙΣ ΤΑ ΓΥΜΝΑΣΙΑ

ΑΘΗΝΑΙ, 28.— Εἰς δηλώσεις του πρὸς τοὺς δημοσιογράφους ὁ ἀρμόδιος ὑπουργὸς ἐτόνισεν ὅτι ἡ κυβέρνησις δὲν προτίθεται νὰ προβῇ εἰς οὐδεμίαν ἐνέργειαν πρὸ τῆς ὁριστικῆς ἀποφάσεως τῆς Ἱερᾶς Συνόδου, ἐνῷ κατὰ τὰς πληροφορίας μας αἱ διαπραγματεύσεις συνεχίζονται καὶ σήμερον μὲ τὴν συμμετοχὴν τῶν ἁρμοδίων παραγόντων, οἱ ὁποῖοι ἐξέφρασαν τὴν ἀνησυχίαν των διὰ τὴν ἐξέλιξιν τῆς ὑποθέσεως καὶ τὰς συνεπείας της ἐπὶ τῆς δημοσίας ζωῆς τῆς χώρας.

ΟΙ ΡΩΣΣΟΙ ΗΓΕΤΑΙ ΑΝΕΧΩΡΗΣΑΝ ΕΚ ΤΑΣΚΕΝΔΗΣ

ΜΟΣΧΑ, 28. (Ρώυτερ).— Εἰς δηλώσεις του πρὸς τοὺς δημοσιογράφους ὁ ἀρμόδιος ὑπουργὸς ἐτόνισεν ὅτι ἡ κυβέρνησις δὲν προτίθεται νὰ προβῇ εἰς οὐδεμίαν ἐνέργειαν πρὸ τῆς ὁριστικῆς ἀποφάσεως τῆς Ἱερᾶς Συνόδου, ἐνῷ κατὰ τὰς πληροφορίας μας αἱ διαπραγματεύσεις συνεχίζονται καὶ σήμερον μὲ τὴν συμμετοχὴν τῶν ἁρμοδίων παραγόντων, οἱ ὁποῖοι ἐξέφρασαν τὴν ἀνησυχίαν των διὰ τὴν ἐξέλιξιν τῆς ὑποθέσεως καὶ τὰς συνεπείας της ἐπὶ τῆς δημοσίας ζωῆς τῆς χώρας.

Ο ΠΡΩΘΥΠΟΥΡΓΟΣ ΤΗΣ ΑΛΒΑΝΙΑΣ ΜΕΤΕΒΗ ΕΙΣ ΠΕΚΙΝΟΝ

ΠΕΚΙΝΟΝ, 28. (Ἀσσ. Πρές).— Εἰς δηλώσεις του πρὸς τοὺς δημοσιογράφους ὁ ἀρμόδιος ὑπουργὸς ἐτόνισεν ὅτι ἡ κυβέρνησις δὲν προτίθεται νὰ προβῇ εἰς οὐδεμίαν ἐνέργειαν πρὸ τῆς ὁριστικῆς ἀποφάσεως τῆς Ἱερᾶς Συνόδου, ἐνῷ κατὰ τὰς πληροφορίας μας αἱ διαπραγματεύσεις συνεχίζονται καὶ σήμερον μὲ τὴν συμμετοχὴν τῶν ἁρμοδίων παραγόντων, οἱ ὁποῖοι ἐξέφρασαν τὴν ἀνησυχίαν των διὰ τὴν ἐξέλιξιν τῆς ὑποθέσεως καὶ τὰς συνεπείας της ἐπὶ τῆς δημοσίας ζωῆς τῆς χώρας.

ΑΥΞΗΣΙΣ Η ΕΙΣΑΓΩΓΗ ΓΑΛΛΙΚΩΝ ΑΥΤΟΚΙΝΗΤΩΝ

ΠΑΡΙΣΙΟΙ, 28. (Ρώυτερ).— Εἰς δηλώσεις του πρὸς τοὺς δημοσιογράφους ὁ ἀρμόδιος ὑπουργὸς ἐτόνισεν ὅτι ἡ κυβέρνησις δὲν προτίθεται νὰ προβῇ εἰς οὐδεμίαν ἐνέργειαν πρὸ τῆς ὁριστικῆς ἀποφάσεως τῆς Ἱερᾶς Συνόδου, ἐνῷ κατὰ τὰς πληροφορίας μας αἱ διαπραγματεύσεις συνεχίζονται καὶ σήμερον μὲ τὴν συμμετοχὴν τῶν ἁρμοδίων παραγόντων, οἱ ὁποῖοι ἐξέφρασαν τὴν ἀνησυχίαν των διὰ τὴν ἐξέλιξιν τῆς ὑποθέσεως καὶ τὰς συνεπείας της ἐπὶ τῆς δημοσίας ζωῆς τῆς χώρας.

Ο ΜΠΟΥΜΕΝΤΙΕΝ ΠΡΟΣΕΚΛΗΘΗ ΕΙΣ ΒΕΛΙΓΡΑΔΙΟΝ

ΑΛΓΕΡΙΟΝ, 28. (ΑΠΠΑ).— Εἰς δηλώσεις του πρὸς τοὺς δημοσιογράφους ὁ ἀρμόδιος ὑπουργὸς ἐτόνισεν ὅτι ἡ κυβέρνησις δὲν προτίθεται νὰ προβῇ εἰς οὐδεμίαν ἐνέργειαν πρὸ τῆς ὁριστικῆς ἀποφάσεως τῆς Ἱερᾶς Συνόδου, ἐνῷ κατὰ τὰς πληροφορίας μας αἱ διαπραγματεύσεις συνεχίζονται καὶ σήμερον μὲ τὴν συμμετοχὴν τῶν ἁρμοδίων παραγόντων, οἱ ὁποῖοι ἐξέφρασαν τὴν ἀνησυχίαν των διὰ τὴν ἐξέλιξιν τῆς ὑποθέσεως καὶ τὰς συνεπείας της ἐπὶ τῆς δημοσίας ζωῆς τῆς χώρας.

Η κ. ΧΡΟΥΣΤΣΕΒΑ ΕΘΕΑΘΗ ΔΗΜΟΣΙΑ ΕΙΣ ΤΗΝ ΜΟΣΧΑΝ

ΜΟΣΧΑ, 28 (Ἀσσ. Πρές).— Εἰς δηλώσεις του πρὸς τοὺς δημοσιογράφους ὁ ἀρμόδιος ὑπουργὸς ἐτόνισεν ὅτι ἡ κυβέρνησις δὲν προτίθεται νὰ προβῇ εἰς οὐδεμίαν ἐνέργειαν πρὸ τῆς ὁριστικῆς ἀποφάσεως τῆς Ἱερᾶς Συνόδου, ἐνῷ κατὰ τὰς πληροφορίας μας αἱ διαπραγματεύσεις συνεχίζονται καὶ σήμερον μὲ τὴν συμμετοχὴν τῶν ἁρμοδίων παραγόντων, οἱ ὁποῖοι ἐξέφρασαν τὴν ἀνησυχίαν των διὰ τὴν ἐξέλιξιν τῆς ὑποθέσεως καὶ τὰς συνεπείας της ἐπὶ τῆς δημοσίας ζωῆς τῆς χώρας.

Η ΦΑΡΑΧ ΚΑΙ Ο ΣΑΧΗΣ ΑΝΕΜΕΝΟΥΝ ΤΡΙΤΟΝ ΤΕΚΝΟΝ

ΤΕΧΕΡΑΝΗ, 28. (Ρώυτερ).— Εἰς δηλώσεις του πρὸς τοὺς δημοσιογράφους ὁ ἀρμόδιος ὑπουργὸς ἐτόνισεν ὅτι ἡ κυβέρνησις δὲν προτίθεται νὰ προβῇ εἰς οὐδεμίαν ἐνέργειαν πρὸ τῆς ὁριστικῆς ἀποφάσεως τῆς Ἱερᾶς Συνόδου, ἐνῷ κατὰ τὰς πληροφορίας μας αἱ διαπραγματεύσεις συνεχίζονται καὶ σήμερον μὲ τὴν συμμετοχὴν τῶν ἁρμοδίων παραγόντων, οἱ ὁποῖοι ἐξέφρασαν τὴν ἀνησυχίαν των διὰ τὴν ἐξέλιξιν τῆς ὑποθέσεως καὶ τὰς συνεπείας της ἐπὶ τῆς δημοσίας ζωῆς τῆς χώρας.

ΔΕΚΑ ΕΝΝΕΑ ΝΕΚΡΟΙ ΕΙΣ ΔΥΣΤΥΧΗΜΑ

ΡΙΟΝ ΓΙΑΝΕΙΡΟΝ, 28. (Ἀσσ. Πρές).— Εἰς δηλώσεις του πρὸς τοὺς δημοσιογράφους ὁ ἀρμόδιος ὑπουργὸς ἐτόνισεν ὅτι ἡ κυβέρνησις δὲν προτίθεται νὰ προβῇ εἰς οὐδεμίαν ἐνέργειαν πρὸ τῆς ὁριστικῆς ἀποφάσεως τῆς Ἱερᾶς Συνόδου, ἐνῷ κατὰ τὰς πληροφορίας μας αἱ διαπραγματεύσεις συνεχίζονται καὶ σήμερον μὲ τὴν συμμετοχὴν τῶν ἁρμοδίων παραγόντων, οἱ ὁποῖοι ἐξέφρασαν τὴν ἀνησυχίαν των διὰ τὴν ἐξέλιξιν τῆς ὑποθέσεως καὶ τὰς συνεπείας της ἐπὶ τῆς δημοσίας ζωῆς τῆς χώρας.

ΚΗΔΕΙΑΙ

Οἱ συγγενεῖς καὶ φίλοι ἀναγγέλλουν τὸν θάνατον τοῦ πολυφιλτάτου των ΓΕΩΡΓΙΟΥ ΝΙΚΟΛΑΙΔΗ

ΥΠΕΡΦΟΡΥΡΙΑ ΕΙΣΕΔΥΣΑΝ ΕΙΣ ΒΟΡ. ΒΙΕΤΝΑΜ
ΚΑΙ ΕΒΟΜΒΑΡΔΙΣΑΝ ΣΦΟΔΡΟΤΑΤΑ
ΤΑΣ ΓΡΑΜΜΑΣ ΕΦΟΔΙΑΣΜΟΥ ΤΩΝ ΒΙΕΤ ΚΟΓΚ
Ἡ Κίνα καταγγέλλει τὴν Ρωσσίαν ὅτι ἀκολουθεῖ πολιτικὴν κατευνασμοῦ

ΣΑΪΓΚΩΝ, 28. (Ρώυτερ).— Εἰς δηλώσεις του πρὸς τοὺς δημοσιογράφους ὁ ἀρμόδιος ὑπουργὸς ἐτόνισεν ὅτι ἡ κυβέρνησις δὲν προτίθεται νὰ προβῇ εἰς οὐδεμίαν ἐνέργειαν πρὸ τῆς ὁριστικῆς ἀποφάσεως τῆς Ἱερᾶς Συνόδου, ἐνῷ κατὰ τὰς πληροφορίας μας αἱ διαπραγματεύσεις συνεχίζονται καὶ σήμερον μὲ τὴν συμμετοχὴν τῶν ἁρμοδίων παραγόντων, οἱ ὁποῖοι ἐξέφρασαν τὴν ἀνησυχίαν των διὰ τὴν ἐξέλιξιν τῆς ὑποθέσεως καὶ τὰς συνεπείας της ἐπὶ τῆς δημοσίας ζωῆς τῆς χώρας.

Εἰς δηλώσεις του πρὸς τοὺς δημοσιογράφους ὁ ἀρμόδιος ὑπουργὸς ἐτόνισεν ὅτι ἡ κυβέρνησις δὲν προτίθεται νὰ προβῇ εἰς οὐδεμίαν ἐνέργειαν πρὸ τῆς ὁριστικῆς ἀποφάσεως τῆς Ἱερᾶς Συνόδου, ἐνῷ κατὰ τὰς πληροφορίας μας αἱ διαπραγματεύσεις συνεχίζονται καὶ σήμερον μὲ τὴν συμμετοχὴν τῶν ἁρμοδίων παραγόντων, οἱ ὁποῖοι ἐξέφρασαν τὴν ἀνησυχίαν των διὰ τὴν ἐξέλιξιν τῆς ὑποθέσεως καὶ τὰς συνεπείας της ἐπὶ τῆς δημοσίας ζωῆς τῆς χώρας.

Εἰς δηλώσεις του πρὸς τοὺς δημοσιογράφους ὁ ἀρμόδιος ὑπουργὸς ἐτόνισεν ὅτι ἡ κυβέρνησις δὲν προτίθεται νὰ προβῇ εἰς οὐδεμίαν ἐνέργειαν πρὸ τῆς ὁριστικῆς ἀποφάσεως τῆς Ἱερᾶς Συνόδου, ἐνῷ κατὰ τὰς πληροφορίας μας αἱ διαπραγματεύσεις συνεχίζονται καὶ σήμερον μὲ τὴν συμμετοχὴν τῶν ἁρμοδίων παραγόντων, οἱ ὁποῖοι ἐξέφρασαν τὴν ἀνησυχίαν των διὰ τὴν ἐξέλιξιν τῆς ὑποθέσεως καὶ τὰς συνεπείας της ἐπὶ τῆς δημοσίας ζωῆς τῆς χώρας.

Εἰς δηλώσεις του πρὸς τοὺς δημοσιογράφους ὁ ἀρμόδιος ὑπουργὸς ἐτόνισεν ὅτι ἡ κυβέρνησις δὲν προτίθεται νὰ προβῇ εἰς οὐδεμίαν ἐνέργειαν πρὸ τῆς ὁριστικῆς ἀποφάσεως τῆς Ἱερᾶς Συνόδου, ἐνῷ κατὰ τὰς πληροφορίας μας αἱ διαπραγματεύσεις συνεχίζονται καὶ σήμερον μὲ τὴν συμμετοχὴν τῶν ἁρμοδίων παραγόντων, οἱ ὁποῖοι ἐξέφρασαν τὴν ἀνησυχίαν των διὰ τὴν ἐξέλιξιν τῆς ὑποθέσεως καὶ τὰς συνεπείας της ἐπὶ τῆς δημοσίας ζωῆς τῆς χώρας.

Εἰς δηλώσεις του πρὸς τοὺς δημοσιογράφους ὁ ἀρμόδιος ὑπουργὸς ἐτόνισεν ὅτι ἡ κυβέρνησις δὲν προτίθεται νὰ προβῇ εἰς οὐδεμίαν ἐνέργειαν πρὸ τῆς ὁριστικῆς ἀποφάσεως τῆς Ἱερᾶς Συνόδου, ἐνῷ κατὰ τὰς πληροφορίας μας αἱ διαπραγματεύσεις συνεχίζονται καὶ σήμερον μὲ τὴν συμμετοχὴν τῶν ἁρμοδίων παραγόντων, οἱ ὁποῖοι ἐξέφρασαν τὴν ἀνησυχίαν των διὰ τὴν ἐξέλιξιν τῆς ὑποθέσεως καὶ τὰς συνεπείας της ἐπὶ τῆς δημοσίας ζωῆς τῆς χώρας.

ΕΚΡΗΞΕΙΣ Η ΑΥΣΤΡΑΛΙΑ

Εἰς δηλώσεις του πρὸς τοὺς δημοσιογράφους ὁ ἀρμόδιος ὑπουργὸς ἐτόνισεν ὅτι ἡ κυβέρνησις δὲν προτίθεται νὰ προβῇ εἰς οὐδεμίαν ἐνέργειαν πρὸ τῆς ὁριστικῆς ἀποφάσεως τῆς Ἱερᾶς Συνόδου, ἐνῷ κατὰ τὰς πληροφορίας μας αἱ διαπραγματεύσεις συνεχίζονται καὶ σήμερον μὲ τὴν συμμετοχὴν τῶν ἁρμοδίων παραγόντων, οἱ ὁποῖοι ἐξέφρασαν τὴν ἀνησυχίαν των διὰ τὴν ἐξέλιξιν τῆς ὑποθέσεως καὶ τὰς συνεπείας της ἐπὶ τῆς δημοσίας ζωῆς τῆς χώρας.

ΔΗΛΩΣΕΙΣ ΤΟΥ ΣΑΟ ΤΣΕΙ

Εἰς δηλώσεις του πρὸς τοὺς δημοσιογράφους ὁ ἀρμόδιος ὑπουργὸς ἐτόνισεν ὅτι ἡ κυβέρνησις δὲν προτίθεται νὰ προβῇ εἰς οὐδεμίαν ἐνέργειαν πρὸ τῆς ὁριστικῆς ἀποφάσεως τῆς Ἱερᾶς Συνόδου, ἐνῷ κατὰ τὰς πληροφορίας μας αἱ διαπραγματεύσεις συνεχίζονται καὶ σήμερον μὲ τὴν συμμετοχὴν τῶν ἁρμοδίων παραγόντων, οἱ ὁποῖοι ἐξέφρασαν τὴν ἀνησυχίαν των διὰ τὴν ἐξέλιξιν τῆς ὑποθέσεως καὶ τὰς συνεπείας της ἐπὶ τῆς δημοσίας ζωῆς τῆς χώρας.

Εἰς δηλώσεις του πρὸς τοὺς δημοσιογράφους ὁ ἀρμόδιος ὑπουργὸς ἐτόνισεν ὅτι ἡ κυβέρνησις δὲν προτίθεται νὰ προβῇ εἰς οὐδεμίαν ἐνέργειαν πρὸ τῆς ὁριστικῆς ἀποφάσεως τῆς Ἱερᾶς Συνόδου, ἐνῷ κατὰ τὰς πληροφορίας μας αἱ διαπραγματεύσεις συνεχίζονται καὶ σήμερον μὲ τὴν συμμετοχὴν τῶν ἁρμοδίων παραγόντων, οἱ ὁποῖοι ἐξέφρασαν τὴν ἀνησυχίαν των διὰ τὴν ἐξέλιξιν τῆς ὑποθέσεως καὶ τὰς συνεπείας της ἐπὶ τῆς δημοσίας ζωῆς τῆς χώρας.

ΟΙ ΕΝΕΡΓΕΙΑΙ ΤΟΥ ΚΑΝΑΔΑ

Εἰς δηλώσεις του πρὸς τοὺς δημοσιογράφους ὁ ἀρμόδιος ὑπουργὸς ἐτόνισεν ὅτι ἡ κυβέρνησις δὲν προτίθεται νὰ προβῇ εἰς οὐδεμίαν ἐνέργειαν πρὸ τῆς ὁριστικῆς ἀποφάσεως τῆς Ἱερᾶς Συνόδου, ἐνῷ κατὰ τὰς πληροφορίας μας αἱ διαπραγματεύσεις συνεχίζονται καὶ σήμερον μὲ τὴν συμμετοχὴν τῶν ἁρμοδίων παραγόντων, οἱ ὁποῖοι ἐξέφρασαν τὴν ἀνησυχίαν των διὰ τὴν ἐξέλιξιν τῆς ὑποθέσεως καὶ τὰς συνεπείας της ἐπὶ τῆς δημοσίας ζωῆς τῆς χώρας.

Η ΕΠΑΝΑΡΞΙΣ ΤΩΝ «ΜΙΓΚ»

Εἰς δηλώσεις του πρὸς τοὺς δημοσιογράφους ὁ ἀρμόδιος ὑπουργὸς ἐτόνισεν ὅτι ἡ κυβέρνησις δὲν προτίθεται νὰ προβῇ εἰς οὐδεμίαν ἐνέργειαν πρὸ τῆς ὁριστικῆς ἀποφάσεως τῆς Ἱερᾶς Συνόδου, ἐνῷ κατὰ τὰς πληροφορίας μας αἱ διαπραγματεύσεις συνεχίζονται καὶ σήμερον μὲ τὴν συμμετοχὴν τῶν ἁρμοδίων παραγόντων, οἱ ὁποῖοι ἐξέφρασαν τὴν ἀνησυχίαν των διὰ τὴν ἐξέλιξιν τῆς ὑποθέσεως καὶ τὰς συνεπείας της ἐπὶ τῆς δημοσίας ζωῆς τῆς χώρας.

ΜΕΓΑΦΟΡΑ ΔΥΝΑΜΕΩΝ

Εἰς δηλώσεις του πρὸς τοὺς δημοσιογράφους ὁ ἀρμόδιος ὑπουργὸς ἐτόνισεν ὅτι ἡ κυβέρνησις δὲν προτίθεται νὰ προβῇ εἰς οὐδεμίαν ἐνέργειαν πρὸ τῆς ὁριστικῆς ἀποφάσεως τῆς Ἱερᾶς Συνόδου, ἐνῷ κατὰ τὰς πληροφορίας μας αἱ διαπραγματεύσεις συνεχίζονται καὶ σήμερον μὲ τὴν συμμετοχὴν τῶν ἁρμοδίων παραγόντων, οἱ ὁποῖοι ἐξέφρασαν τὴν ἀνησυχίαν των διὰ τὴν ἐξέλιξιν τῆς ὑποθέσεως καὶ τὰς συνεπείας της ἐπὶ τῆς δημοσίας ζωῆς τῆς χώρας.

ΠΟΛΩΝΙΚΟΝ ΠΛΟΙΟΝ ΕΠΛΗΓΗ ΥΠΟ ΒΟΜΒΩΝ
ΕΝΤΟΣ ΤΟΥ ΛΙΜΕΝΟΣ ΤΗΣ ΧΑΪΦΟΝΓΚ

ΒΑΡΣΟΒΙΑ, 28. (Ρώυτερ).— Εἰς δηλώσεις του πρὸς τοὺς δημοσιογράφους ὁ ἀρμόδιος ὑπουργὸς ἐτόνισεν ὅτι ἡ κυβέρνησις δὲν προτίθεται νὰ προβῇ εἰς οὐδεμίαν ἐνέργειαν πρὸ τῆς ὁριστικῆς ἀποφάσεως τῆς Ἱερᾶς Συνόδου, ἐνῷ κατὰ τὰς πληροφορίας μας αἱ διαπραγματεύσεις συνεχίζονται καὶ σήμερον μὲ τὴν συμμετοχὴν τῶν ἁρμοδίων παραγόντων, οἱ ὁποῖοι ἐξέφρασαν τὴν ἀνησυχίαν των διὰ τὴν ἐξέλιξιν τῆς ὑποθέσεως καὶ τὰς συνεπείας της ἐπὶ τῆς δημοσίας ζωῆς τῆς χώρας.

Εἰς δηλώσεις του πρὸς τοὺς δημοσιογράφους ὁ ἀρμόδιος ὑπουργὸς ἐτόνισεν ὅτι ἡ κυβέρνησις δὲν προτίθεται νὰ προβῇ εἰς οὐδεμίαν ἐνέργειαν πρὸ τῆς ὁριστικῆς ἀποφάσεως τῆς Ἱερᾶς Συνόδου, ἐνῷ κατὰ τὰς πληροφορίας μας αἱ διαπραγματεύσεις συνεχίζονται καὶ σήμερον μὲ τὴν συμμετοχὴν τῶν ἁρμοδίων παραγόντων, οἱ ὁποῖοι ἐξέφρασαν τὴν ἀνησυχίαν των διὰ τὴν ἐξέλιξιν τῆς ὑποθέσεως καὶ τὰς συνεπείας της ἐπὶ τῆς δημοσίας ζωῆς τῆς χώρας.

Εἰς δηλώσεις του πρὸς τοὺς δημοσιογράφους ὁ ἀρμόδιος ὑπουργὸς ἐτόνισεν ὅτι ἡ κυβέρνησις δὲν προτίθεται νὰ προβῇ εἰς οὐδεμίαν ἐνέργειαν πρὸ τῆς ὁριστικῆς ἀποφάσεως τῆς Ἱερᾶς Συνόδου, ἐνῷ κατὰ τὰς πληροφορίας μας αἱ διαπραγματεύσεις συνεχίζονται καὶ σήμερον μὲ τὴν συμμετοχὴν τῶν ἁρμοδίων παραγόντων, οἱ ὁποῖοι ἐξέφρασαν τὴν ἀνησυχίαν των διὰ τὴν ἐξέλιξιν τῆς ὑποθέσεως καὶ τὰς συνεπείας της ἐπὶ τῆς δημοσίας ζωῆς τῆς χώρας.

ΜΕΛΕΤΑΙ ΕΙΣ ΟΥΑΣΙΓΚΤΩΝ

Εἰς δηλώσεις του πρὸς τοὺς δημοσιογράφους ὁ ἀρμόδιος ὑπουργὸς ἐτόνισεν ὅτι ἡ κυβέρνησις δὲν προτίθεται νὰ προβῇ εἰς οὐδεμίαν ἐνέργειαν πρὸ τῆς ὁριστικῆς ἀποφάσεως τῆς Ἱερᾶς Συνόδου, ἐνῷ κατὰ τὰς πληροφορίας μας αἱ διαπραγματεύσεις συνεχίζονται καὶ σήμερον μὲ τὴν συμμετοχὴν τῶν ἁρμοδίων παραγόντων, οἱ ὁποῖοι ἐξέφρασαν τὴν ἀνησυχίαν των διὰ τὴν ἐξέλιξιν τῆς ὑποθέσεως καὶ τὰς συνεπείας της ἐπὶ τῆς δημοσίας ζωῆς τῆς χώρας.

ΝΕΑΙ ΔΗΛΩΣΕΙΣ ΤΟΥ ΡΑΙΗΚ

Εἰς δηλώσεις του πρὸς τοὺς δημοσιογράφους ὁ ἀρμόδιος ὑπουργὸς ἐτόνισεν ὅτι ἡ κυβέρνησις δὲν προτίθεται νὰ προβῇ εἰς οὐδεμίαν ἐνέργειαν πρὸ τῆς ὁριστικῆς ἀποφάσεως τῆς Ἱερᾶς Συνόδου, ἐνῷ κατὰ τὰς πληροφορίας μας αἱ διαπραγματεύσεις συνεχίζονται καὶ σήμερον μὲ τὴν συμμετοχὴν τῶν ἁρμοδίων παραγόντων, οἱ ὁποῖοι ἐξέφρασαν τὴν ἀνησυχίαν των διὰ τὴν ἐξέλιξιν τῆς ὑποθέσεως καὶ τὰς συνεπείας της ἐπὶ τῆς δημοσίας ζωῆς τῆς χώρας.

Εἰς δηλώσεις του πρὸς τοὺς δημοσιογράφους ὁ ἀρμόδιος ὑπουργὸς ἐτόνισεν ὅτι ἡ κυβέρνησις δὲν προτίθεται νὰ προβῇ εἰς οὐδεμίαν ἐνέργειαν πρὸ τῆς ὁριστικῆς ἀποφάσεως τῆς Ἱερᾶς Συνόδου, ἐνῷ κατὰ τὰς πληροφορίας μας αἱ διαπραγματεύσεις συνεχίζονται καὶ σήμερον μὲ τὴν συμμετοχὴν τῶν ἁρμοδίων παραγόντων, οἱ ὁποῖοι ἐξέφρασαν τὴν ἀνησυχίαν των διὰ τὴν ἐξέλιξιν τῆς ὑποθέσεως καὶ τὰς συνεπείας της ἐπὶ τῆς δημοσίας ζωῆς τῆς χώρας.

ΟΙ ΚΙΝΔΥΝΟΙ ΠΟΛΕΜΟΥ

Εἰς δηλώσεις του πρὸς τοὺς δημοσιογράφους ὁ ἀρμόδιος ὑπουργὸς ἐτόνισεν ὅτι ἡ κυβέρνησις δὲν προτίθεται νὰ προβῇ εἰς οὐδεμίαν ἐνέργειαν πρὸ τῆς ὁριστικῆς ἀποφάσεως τῆς Ἱερᾶς Συνόδου, ἐνῷ κατὰ τὰς πληροφορίας μας αἱ διαπραγματεύσεις συνεχίζονται καὶ σήμερον μὲ τὴν συμμετοχὴν τῶν ἁρμοδίων παραγόντων, οἱ ὁποῖοι ἐξέφρασαν τὴν ἀνησυχίαν των διὰ τὴν ἐξέλιξιν τῆς ὑποθέσεως καὶ τὰς συνεπείας της ἐπὶ τῆς δημοσίας ζωῆς τῆς χώρας.

Η ΗΓΕΣΙΑ ΤΟΥ ΣΤΡΑΤΕΥΜΑΤΟΣ ΔΕΝ ΕΙΣΚΟΥΣΕ
ΚΥΒΕΡΝΗΤΙΚΑΣ ΑΠΟΨΕΙΣ ΕΠΙ ΤΩΝ ΠΡΟΑΓΩΓΩΝ
Δριμύτατα κατακρίνει τὴν κυβέρνησιν ἡ ἐκτελεστικὴ ἐπιτροπὴ τῆς Ε. Δ. Α.
ΣΥΝΕΧΕΙΑ

Εἰς δηλώσεις του πρὸς τοὺς δημοσιογράφους ὁ ἀρμόδιος ὑπουργὸς ἐτόνισεν ὅτι ἡ κυβέρνησις δὲν προτίθεται νὰ προβῇ εἰς οὐδεμίαν ἐνέργειαν πρὸ τῆς ὁριστικῆς ἀποφάσεως τῆς Ἱερᾶς Συνόδου, ἐνῷ κατὰ τὰς πληροφορίας μας αἱ διαπραγματεύσεις συνεχίζονται καὶ σήμερον μὲ τὴν συμμετοχὴν τῶν ἁρμοδίων παραγόντων, οἱ ὁποῖοι ἐξέφρασαν τὴν ἀνησυχίαν των διὰ τὴν ἐξέλιξιν τῆς ὑποθέσεως καὶ τὰς συνεπείας της ἐπὶ τῆς δημοσίας ζωῆς τῆς χώρας.

ΑΙ ΑΠΟΣΤΡΑΤΕΙΑΙ

Εἰς δηλώσεις του πρὸς τοὺς δημοσιογράφους ὁ ἀρμόδιος ὑπουργὸς ἐτόνισεν ὅτι ἡ κυβέρνησις δὲν προτίθεται νὰ προβῇ εἰς οὐδεμίαν ἐνέργειαν πρὸ τῆς ὁριστικῆς ἀποφάσεως τῆς Ἱερᾶς Συνόδου, ἐνῷ κατὰ τὰς πληροφορίας μας αἱ διαπραγματεύσεις συνεχίζονται καὶ σήμερον μὲ τὴν συμμετοχὴν τῶν ἁρμοδίων παραγόντων, οἱ ὁποῖοι ἐξέφρασαν τὴν ἀνησυχίαν των διὰ τὴν ἐξέλιξιν τῆς ὑποθέσεως καὶ τὰς συνεπείας της ἐπὶ τῆς δημοσίας ζωῆς τῆς χώρας.

Εἰς δηλώσεις του πρὸς τοὺς δημοσιογράφους ὁ ἀρμόδιος ὑπουργὸς ἐτόνισεν ὅτι ἡ κυβέρνησις δὲν προτίθεται νὰ προβῇ εἰς οὐδεμίαν ἐνέργειαν πρὸ τῆς ὁριστικῆς ἀποφάσεως τῆς Ἱερᾶς Συνόδου, ἐνῷ κατὰ τὰς πληροφορίας μας αἱ διαπραγματεύσεις συνεχίζονται καὶ σήμερον μὲ τὴν συμμετοχὴν τῶν ἁρμοδίων παραγόντων, οἱ ὁποῖοι ἐξέφρασαν τὴν ἀνησυχίαν των διὰ τὴν ἐξέλιξιν τῆς ὑποθέσεως καὶ τὰς συνεπείας της ἐπὶ τῆς δημοσίας ζωῆς τῆς χώρας.

ΑΙ ΑΣΚΗΣΕΙΣ ΤΗΣ ΔΕΞΙΑΣ

Εἰς δηλώσεις του πρὸς τοὺς δημοσιογράφους ὁ ἀρμόδιος ὑπουργὸς ἐτόνισεν ὅτι ἡ κυβέρνησις δὲν προτίθεται νὰ προβῇ εἰς οὐδεμίαν ἐνέργειαν πρὸ τῆς ὁριστικῆς ἀποφάσεως τῆς Ἱερᾶς Συνόδου, ἐνῷ κατὰ τὰς πληροφορίας μας αἱ διαπραγματεύσεις συνεχίζονται καὶ σήμερον μὲ τὴν συμμετοχὴν τῶν ἁρμοδίων παραγόντων, οἱ ὁποῖοι ἐξέφρασαν τὴν ἀνησυχίαν των διὰ τὴν ἐξέλιξιν τῆς ὑποθέσεως καὶ τὰς συνεπείας της ἐπὶ τῆς δημοσίας ζωῆς τῆς χώρας.

Εἰς δηλώσεις του πρὸς τοὺς δημοσιογράφους ὁ ἀρμόδιος ὑπουργὸς ἐτόνισεν ὅτι ἡ κυβέρνησις δὲν προτίθεται νὰ προβῇ εἰς οὐδεμίαν ἐνέργειαν πρὸ τῆς ὁριστικῆς ἀποφάσεως τῆς Ἱερᾶς Συνόδου, ἐνῷ κατὰ τὰς πληροφορίας μας αἱ διαπραγματεύσεις συνεχίζονται καὶ σήμερον μὲ τὴν συμμετοχὴν τῶν ἁρμοδίων παραγόντων, οἱ ὁποῖοι ἐξέφρασαν τὴν ἀνησυχίαν των διὰ τὴν ἐξέλιξιν τῆς ὑποθέσεως καὶ τὰς συνεπείας της ἐπὶ τῆς δημοσίας ζωῆς τῆς χώρας.

ΑΠΟΦΑΣΙΣ ΤΗΣ ΕΔΑ

Εἰς δηλώσεις του πρὸς τοὺς δημοσιογράφους ὁ ἀρμόδιος ὑπουργὸς ἐτόνισεν ὅτι ἡ κυβέρνησις δὲν προτίθεται νὰ προβῇ εἰς οὐδεμίαν ἐνέργειαν πρὸ τῆς ὁριστικῆς ἀποφάσεως τῆς Ἱερᾶς Συνόδου, ἐνῷ κατὰ τὰς πληροφορίας μας αἱ διαπραγματεύσεις συνεχίζονται καὶ σήμερον μὲ τὴν συμμετοχὴν τῶν ἁρμοδίων παραγόντων, οἱ ὁποῖοι ἐξέφρασαν τὴν ἀνησυχίαν των διὰ τὴν ἐξέλιξιν τῆς ὑποθέσεως καὶ τὰς συνεπείας της ἐπὶ τῆς δημοσίας ζωῆς τῆς χώρας.

Εἰς δηλώσεις του πρὸς τοὺς δημοσιογράφους ὁ ἀρμόδιος ὑπουργὸς ἐτόνισεν ὅτι ἡ κυβέρνησις δὲν προτίθεται νὰ προβῇ εἰς οὐδεμίαν ἐνέργειαν πρὸ τῆς ὁριστικῆς ἀποφάσεως τῆς Ἱερᾶς Συνόδου, ἐνῷ κατὰ τὰς πληροφορίας μας αἱ διαπραγματεύσεις συνεχίζονται καὶ σήμερον μὲ τὴν συμμετοχὴν τῶν ἁρμοδίων παραγόντων, οἱ ὁποῖοι ἐξέφρασαν τὴν ἀνησυχίαν των διὰ τὴν ἐξέλιξιν τῆς ὑποθέσεως καὶ τὰς συνεπείας της ἐπὶ τῆς δημοσίας ζωῆς τῆς χώρας.

Εἰς δηλώσεις του πρὸς τοὺς δημοσιογράφους ὁ ἀρμόδιος ὑπουργὸς ἐτόνισεν ὅτι ἡ κυβέρνησις δὲν προτίθεται νὰ προβῇ εἰς οὐδεμίαν ἐνέργειαν πρὸ τῆς ὁριστικῆς ἀποφάσεως τῆς Ἱερᾶς Συνόδου, ἐνῷ κατὰ τὰς πληροφορίας μας αἱ διαπραγματεύσεις συνεχίζονται καὶ σήμερον μὲ τὴν συμμετοχὴν τῶν ἁρμοδίων παραγόντων, οἱ ὁποῖοι ἐξέφρασαν τὴν ἀνησυχίαν των διὰ τὴν ἐξέλιξιν τῆς ὑποθέσεως καὶ τὰς συνεπείας της ἐπὶ τῆς δημοσίας ζωῆς τῆς χώρας.

Εἰς δηλώσεις του πρὸς τοὺς δημοσιογράφους ὁ ἀρμόδιος ὑπουργὸς ἐτόνισεν ὅτι ἡ κυβέρνησις δὲν προτίθεται νὰ προβῇ εἰς οὐδεμίαν ἐνέργειαν πρὸ τῆς ὁριστικῆς ἀποφάσεως τῆς Ἱερᾶς Συνόδου, ἐνῷ κατὰ τὰς πληροφορίας μας αἱ διαπραγματεύσεις συνεχίζονται καὶ σήμερον μὲ τὴν συμμετοχὴν τῶν ἁρμοδίων παραγόντων, οἱ ὁποῖοι ἐξέφρασαν τὴν ἀνησυχίαν των διὰ τὴν ἐξέλιξιν τῆς ὑποθέσεως καὶ τὰς συνεπείας της ἐπὶ τῆς δημοσίας ζωῆς τῆς χώρας.

Εἰς δηλώσεις του πρὸς τοὺς δημοσιογράφους ὁ ἀρμόδιος ὑπουργὸς ἐτόνισεν ὅτι ἡ κυβέρνησις δὲν προτίθεται νὰ προβῇ εἰς οὐδεμίαν ἐνέργειαν πρὸ τῆς ὁριστικῆς ἀποφάσεως τῆς Ἱερᾶς Συνόδου, ἐνῷ κατὰ τὰς πληροφορίας μας αἱ διαπραγματεύσεις συνεχίζονται καὶ σήμερον μὲ τὴν συμμετοχὴν τῶν ἁρμοδίων παραγόντων, οἱ ὁποῖοι ἐξέφρασαν τὴν ἀνησυχίαν των διὰ τὴν ἐξέλιξιν τῆς ὑποθέσεως καὶ τὰς συνεπείας της ἐπὶ τῆς δημοσίας ζωῆς τῆς χώρας.

Εἰς δηλώσεις του πρὸς τοὺς δημοσιογράφους ὁ ἀρμόδιος ὑπουργὸς ἐτόνισεν ὅτι ἡ κυβέρνησις δὲν προτίθεται νὰ προβῇ εἰς οὐδεμίαν ἐνέργειαν πρὸ τῆς ὁριστικῆς ἀποφάσεως τῆς Ἱερᾶς Συνόδου, ἐνῷ κατὰ τὰς πληροφορίας μας αἱ διαπραγματεύσεις συνεχίζονται καὶ σήμερον μὲ τὴν συμμετοχὴν τῶν ἁρμοδίων παραγόντων, οἱ ὁποῖοι ἐξέφρασαν τὴν ἀνησυχίαν των διὰ τὴν ἐξέλιξιν τῆς ὑποθέσεως καὶ τὰς συνεπείας της ἐπὶ τῆς δημοσίας ζωῆς τῆς χώρας.

Εἰς δηλώσεις του πρὸς τοὺς δημοσιογράφους ὁ ἀρμόδιος ὑπουργὸς ἐτόνισεν ὅτι ἡ κυβέρνησις δὲν προτίθεται νὰ προβῇ εἰς οὐδεμίαν ἐνέργειαν πρὸ τῆς ὁριστικῆς ἀποφάσεως τῆς Ἱερᾶς Συνόδου, ἐνῷ κατὰ τὰς πληροφορίας μας αἱ διαπραγματεύσεις συνεχίζονται καὶ σήμερον μὲ τὴν συμμετοχὴν τῶν ἁρμοδίων παραγόντων, οἱ ὁποῖοι ἐξέφρασαν τὴν ἀνησυχίαν των διὰ τὴν ἐξέλιξιν τῆς ὑποθέσεως καὶ τὰς συνεπείας της ἐπὶ τῆς δημοσίας ζωῆς τῆς χώρας.

Εἰς δηλώσεις του πρὸς τοὺς δημοσιογράφους ὁ ἀρμόδιος ὑπουργὸς ἐτόνισεν ὅτι ἡ κυβέρνησις δὲν προτίθεται νὰ προβῇ εἰς οὐδεμίαν ἐνέργειαν πρὸ τῆς ὁριστικῆς ἀποφάσεως τῆς Ἱερᾶς Συνόδου, ἐνῷ κατὰ τὰς πληροφορίας μας αἱ διαπραγματεύσεις συνεχίζονται καὶ σήμερον μὲ τὴν συμμετοχὴν τῶν ἁρμοδίων παραγόντων, οἱ ὁποῖοι ἐξέφρασαν τὴν ἀνησυχίαν των διὰ τὴν ἐξέλιξιν τῆς ὑποθέσεως καὶ τὰς συνεπείας της ἐπὶ τῆς δημοσίας ζωῆς τῆς χώρας.

Εἰς δηλώσεις του πρὸς τοὺς δημοσιογράφους ὁ ἀρμόδιος ὑπουργὸς ἐτόνισεν ὅτι ἡ κυβέρνησις δὲν προτίθεται νὰ προβῇ εἰς οὐδεμίαν ἐνέργειαν πρὸ τῆς ὁριστικῆς ἀποφάσεως τῆς Ἱερᾶς Συνόδου, ἐνῷ κατὰ τὰς πληροφορίας μας αἱ διαπραγματεύσεις συνεχίζονται καὶ σήμερον μὲ τὴν συμμετοχὴν τῶν ἁρμοδίων παραγόντων, οἱ ὁποῖοι ἐξέφρασαν τὴν ἀνησυχίαν των διὰ τὴν ἐξέλιξιν τῆς ὑποθέσεως καὶ τὰς συνεπείας της ἐπὶ τῆς δημοσίας ζωῆς τῆς χώρας.

ΤΟ ΑΣΤΥΝΟΜΙΚΟΝ ΚΡΑΤΟΣ

Εἰς δηλώσεις του πρὸς τοὺς δημοσιογράφους ὁ ἀρμόδιος ὑπουργὸς ἐτόνισεν ὅτι ἡ κυβέρνησις δὲν προτίθεται νὰ προβῇ εἰς οὐδεμίαν ἐνέργειαν πρὸ τῆς ὁριστικῆς ἀποφάσεως τῆς Ἱερᾶς Συνόδου, ἐνῷ κατὰ τὰς πληροφορίας μας αἱ διαπραγματεύσεις συνεχίζονται καὶ σήμερον μὲ τὴν συμμετοχὴν τῶν ἁρμοδίων παραγόντων, οἱ ὁποῖοι ἐξέφρασαν τὴν ἀνησυχίαν των διὰ τὴν ἐξέλιξιν τῆς ὑποθέσεως καὶ τὰς συνεπείας της ἐπὶ τῆς δημοσίας ζωῆς τῆς χώρας.

Εἰς δηλώσεις του πρὸς τοὺς δημοσιογράφους ὁ ἀρμόδιος ὑπουργὸς ἐτόνισεν ὅτι ἡ κυβέρνησις δὲν προτίθεται νὰ προβῇ εἰς οὐδεμίαν ἐνέργειαν πρὸ τῆς ὁριστικῆς ἀποφάσεως τῆς Ἱερᾶς Συνόδου, ἐνῷ κατὰ τὰς πληροφορίας μας αἱ διαπραγματεύσεις συνεχίζονται καὶ σήμερον μὲ τὴν συμμετοχὴν τῶν ἁρμοδίων παραγόντων, οἱ ὁποῖοι ἐξέφρασαν τὴν ἀνησυχίαν των διὰ τὴν ἐξέλιξιν τῆς ὑποθέσεως καὶ τὰς συνεπείας της ἐπὶ τῆς δημοσίας ζωῆς τῆς χώρας.

Εἰς δηλώσεις του πρὸς τοὺς δημοσιογράφους ὁ ἀρμόδιος ὑπουργὸς ἐτόνισεν ὅτι ἡ κυβέρνησις δὲν προτίθεται νὰ προβῇ εἰς οὐδεμίαν ἐνέργειαν πρὸ τῆς ὁριστικῆς ἀποφάσεως τῆς Ἱερᾶς Συνόδου, ἐνῷ κατὰ τὰς πληροφορίας μας αἱ διαπραγματεύσεις συνεχίζονται καὶ σήμερον μὲ τὴν συμμετοχὴν τῶν ἁρμοδίων παραγόντων, οἱ ὁποῖοι ἐξέφρασαν τὴν ἀνησυχίαν των διὰ τὴν ἐξέλιξιν τῆς ὑποθέσεως καὶ τὰς συνεπείας της ἐπὶ τῆς δημοσίας ζωῆς τῆς χώρας.

Εἰς δηλώσεις του πρὸς τοὺς δημοσιογράφους ὁ ἀρμόδιος ὑπουργὸς ἐτόνισεν ὅτι ἡ κυβέρνησις δὲν προτίθεται νὰ προβῇ εἰς οὐδεμίαν ἐνέργειαν πρὸ τῆς ὁριστικῆς ἀποφάσεως τῆς Ἱερᾶς Συνόδου, ἐνῷ κατὰ τὰς πληροφορίας μας αἱ διαπραγματεύσεις συνεχίζονται καὶ σήμερον μὲ τὴν συμμετοχὴν τῶν ἁρμοδίων παραγόντων, οἱ ὁποῖοι ἐξέφρασαν τὴν ἀνησυχίαν των διὰ τὴν ἐξέλιξιν τῆς ὑποθέσεως καὶ τὰς συνεπείας της ἐπὶ τῆς δημοσίας ζωῆς τῆς χώρας.

Εἰς δηλώσεις του πρὸς τοὺς δημοσιογράφους ὁ ἀρμόδιος ὑπουργὸς ἐτόνισεν ὅτι ἡ κυβέρνησις δὲν προτίθεται νὰ προβῇ εἰς οὐδεμίαν ἐνέργειαν πρὸ τῆς ὁριστικῆς ἀποφάσεως τῆς Ἱερᾶς Συνόδου, ἐνῷ κατὰ τὰς πληροφορίας μας αἱ διαπραγματεύσεις συνεχίζονται καὶ σήμερον μὲ τὴν συμμετοχὴν τῶν ἁρμοδίων παραγόντων, οἱ ὁποῖοι ἐξέφρασαν τὴν ἀνησυχίαν των διὰ τὴν ἐξέλιξιν τῆς ὑποθέσεως καὶ τὰς συνεπείας της ἐπὶ τῆς δημοσίας ζωῆς τῆς χώρας.

ΚΑΤΑΣΤΡΑΦΗ ΤΕΛΕΙΩΣ ΧΩΡΙΟΝ ΤΗΣ ΙΑΒΑΣ
ΕΚ ΤΗΣ ΤΡΟΜΕΡΑΣ ΕΚΡΗΞΕΩΣ ΗΦΑΙΣΤΕΙΟΥ

ΤΣΑΚΑΡΤΑ, 28. (Ἀσσ. Πρές).— Εἰς δηλώσεις του πρὸς τοὺς δημοσιογράφους ὁ ἀρμόδιος ὑπουργὸς ἐτόνισεν ὅτι ἡ κυβέρνησις δὲν προτίθεται νὰ προβῇ εἰς οὐδεμίαν ἐνέργειαν πρὸ τῆς ὁριστικῆς ἀποφάσεως τῆς Ἱερᾶς Συνόδου, ἐνῷ κατὰ τὰς πληροφορίας μας αἱ διαπραγματεύσεις συνεχίζονται καὶ σήμερον μὲ τὴν συμμετοχὴν τῶν ἁρμοδίων παραγόντων, οἱ ὁποῖοι ἐξέφρασαν τὴν ἀνησυχίαν των διὰ τὴν ἐξέλιξιν τῆς ὑποθέσεως καὶ τὰς συνεπείας της ἐπὶ τῆς δημοσίας ζωῆς τῆς χώρας.

ΣΕΙΣΜΟΙ ΕΙΣ ΦΙΛΙΠΠΙΝΑΣ

ΜΑΝΙΛΑ, 28. (Ρώυτερ).— Εἰς δηλώσεις του πρὸς τοὺς δημοσιογράφους ὁ ἀρμόδιος ὑπουργὸς ἐτόνισεν ὅτι ἡ κυβέρνησις δὲν προτίθεται νὰ προβῇ εἰς οὐδεμίαν ἐνέργειαν πρὸ τῆς ὁριστικῆς ἀποφάσεως τῆς Ἱερᾶς Συνόδου, ἐνῷ κατὰ τὰς πληροφορίας μας αἱ διαπραγματεύσεις συνεχίζονται καὶ σήμερον μὲ τὴν συμμετοχὴν τῶν ἁρμοδίων παραγόντων, οἱ ὁποῖοι ἐξέφρασαν τὴν ἀνησυχίαν των διὰ τὴν ἐξέλιξιν τῆς ὑποθέσεως καὶ τὰς συνεπείας της ἐπὶ τῆς δημοσίας ζωῆς τῆς χώρας.

Εἰς δηλώσεις του πρὸς τοὺς δημοσιογράφους ὁ ἀρμόδιος ὑπουργὸς ἐτόνισεν ὅτι ἡ κυβέρνησις δὲν προτίθεται νὰ προβῇ εἰς οὐδεμίαν ἐνέργειαν πρὸ τῆς ὁριστικῆς ἀποφάσεως τῆς Ἱερᾶς Συνόδου, ἐνῷ κατὰ τὰς πληροφορίας μας αἱ διαπραγματεύσεις συνεχίζονται καὶ σήμερον μὲ τὴν συμμετοχὴν τῶν ἁρμοδίων παραγόντων, οἱ ὁποῖοι ἐξέφρασαν τὴν ἀνησυχίαν των διὰ τὴν ἐξέλιξιν τῆς ὑποθέσεως καὶ τὰς συνεπείας της ἐπὶ τῆς δημοσίας ζωῆς τῆς χώρας.

Καταγγέλλονται ὑπὸ τῆς Κύπρου οἱ εἰς τὰ χωρικὰ τὰ ὕδατα πλόες τῶν τουρκικῶν σκαφῶν
ΝΕΑ ΦΥΛΑΚΙΑ ΑΝΗΓΕΙΡΑΝ ΑΙ ΟΜΑΔΕΣ ΣΤΑΣΙΑΣΤΩΝ

ΛΕΥΚΩΣΙΑ, 28. (Τοῦ ἀνταποκριτοῦ μας).— Εἰς δηλώσεις του πρὸς τοὺς δημοσιογράφους ὁ ἀρμόδιος ὑπουργὸς ἐτόνισεν ὅτι ἡ κυβέρνησις δὲν προτίθεται νὰ προβῇ εἰς οὐδεμίαν ἐνέργειαν πρὸ τῆς ὁριστικῆς ἀποφάσεως τῆς Ἱερᾶς Συνόδου, ἐνῷ κατὰ τὰς πληροφορίας μας αἱ διαπραγματεύσεις συνεχίζονται καὶ σήμερον μὲ τὴν συμμετοχὴν τῶν ἁρμοδίων παραγόντων, οἱ ὁποῖοι ἐξέφρασαν τὴν ἀνησυχίαν των διὰ τὴν ἐξέλιξιν τῆς ὑποθέσεως καὶ τὰς συνεπείας της ἐπὶ τῆς δημοσίας ζωῆς τῆς χώρας.

Εἰς δηλώσεις του πρὸς τοὺς δημοσιογράφους ὁ ἀρμόδιος ὑπουργὸς ἐτόνισεν ὅτι ἡ κυβέρνησις δὲν προτίθεται νὰ προβῇ εἰς οὐδεμίαν ἐνέργειαν πρὸ τῆς ὁριστικῆς ἀποφάσεως τῆς Ἱερᾶς Συνόδου, ἐνῷ κατὰ τὰς πληροφορίας μας αἱ διαπραγματεύσεις συνεχίζονται καὶ σήμερον μὲ τὴν συμμετοχὴν τῶν ἁρμοδίων παραγόντων, οἱ ὁποῖοι ἐξέφρασαν τὴν ἀνησυχίαν των διὰ τὴν ἐξέλιξιν τῆς ὑποθέσεως καὶ τὰς συνεπείας της ἐπὶ τῆς δημοσίας ζωῆς τῆς χώρας.

Εἰς δηλώσεις του πρὸς τοὺς δημοσιογράφους ὁ ἀρμόδιος ὑπουργὸς ἐτόνισεν ὅτι ἡ κυβέρνησις δὲν προτίθεται νὰ προβῇ εἰς οὐδεμίαν ἐνέργειαν πρὸ τῆς ὁριστικῆς ἀποφάσεως τῆς Ἱερᾶς Συνόδου, ἐνῷ κατὰ τὰς πληροφορίας μας αἱ διαπραγματεύσεις συνεχίζονται καὶ σήμερον μὲ τὴν συμμετοχὴν τῶν ἁρμοδίων παραγόντων, οἱ ὁποῖοι ἐξέφρασαν τὴν ἀνησυχίαν των διὰ τὴν ἐξέλιξιν τῆς ὑποθέσεως καὶ τὰς συνεπείας της ἐπὶ τῆς δημοσίας ζωῆς τῆς χώρας.

Εἰς δηλώσεις του πρὸς τοὺς δημοσιογράφους ὁ ἀρμόδιος ὑπουργὸς ἐτόνισεν ὅτι ἡ κυβέρνησις δὲν προτίθεται νὰ προβῇ εἰς οὐδεμίαν ἐνέργειαν πρὸ τῆς ὁριστικῆς ἀποφάσεως τῆς Ἱερᾶς Συνόδου, ἐνῷ κατὰ τὰς πληροφορίας μας αἱ διαπραγματεύσεις συνεχίζονται καὶ σήμερον μὲ τὴν συμμετοχὴν τῶν ἁρμοδίων παραγόντων, οἱ ὁποῖοι ἐξέφρασαν τὴν ἀνησυχίαν των διὰ τὴν ἐξέλιξιν τῆς ὑποθέσεως καὶ τὰς συνεπείας της ἐπὶ τῆς δημοσίας ζωῆς τῆς χώρας.

Εἰς δηλώσεις του πρὸς τοὺς δημοσιογράφους ὁ ἀρμόδιος ὑπουργὸς ἐτόνισεν ὅτι ἡ κυβέρνησις δὲν προτίθεται νὰ προβῇ εἰς οὐδεμίαν ἐνέργειαν πρὸ τῆς ὁριστικῆς ἀποφάσεως τῆς Ἱερᾶς Συνόδου, ἐνῷ κατὰ τὰς πληροφορίας μας αἱ διαπραγματεύσεις συνεχίζονται καὶ σήμερον μὲ τὴν συμμετοχὴν τῶν ἁρμοδίων παραγόντων, οἱ ὁποῖοι ἐξέφρασαν τὴν ἀνησυχίαν των διὰ τὴν ἐξέλιξιν τῆς ὑποθέσεως καὶ τὰς συνεπείας της ἐπὶ τῆς δημοσίας ζωῆς τῆς χώρας.

Εἰς δηλώσεις του πρὸς τοὺς δημοσιογράφους ὁ ἀρμόδιος ὑπουργὸς ἐτόνισεν ὅτι ἡ κυβέρνησις δὲν προτίθεται νὰ προβῇ εἰς οὐδεμίαν ἐνέργειαν πρὸ τῆς ὁριστικῆς ἀποφάσεως τῆς Ἱερᾶς Συνόδου, ἐνῷ κατὰ τὰς πληροφορίας μας αἱ διαπραγματεύσεις συνεχίζονται καὶ σήμερον μὲ τὴν συμμετοχὴν τῶν ἁρμοδίων παραγόντων, οἱ ὁποῖοι ἐξέφρασαν τὴν ἀνησυχίαν των διὰ τὴν ἐξέλιξιν τῆς ὑποθέσεως καὶ τὰς συνεπείας της ἐπὶ τῆς δημοσίας ζωῆς τῆς χώρας.

ΑΠΕΣΥΡΘΗ ΕΠΕΡΠΙΣΤΕΙΣ

Εἰς δηλώσεις του πρὸς τοὺς δημοσιογράφους ὁ ἀρμόδιος ὑπουργὸς ἐτόνισεν ὅτι ἡ κυβέρνησις δὲν προτίθεται νὰ προβῇ εἰς οὐδεμίαν ἐνέργειαν πρὸ τῆς ὁριστικῆς ἀποφάσεως τῆς Ἱερᾶς Συνόδου, ἐνῷ κατὰ τὰς πληροφορίας μας αἱ διαπραγματεύσεις συνεχίζονται καὶ σήμερον μὲ τὴν συμμετοχὴν τῶν ἁρμοδίων παραγόντων, οἱ ὁποῖοι ἐξέφρασαν τὴν ἀνησυχίαν των διὰ τὴν ἐξέλιξιν τῆς ὑποθέσεως καὶ τὰς συνεπείας της ἐπὶ τῆς δημοσίας ζωῆς τῆς χώρας.

ΣΥΝΕΛΕΥΣΙΣ ΑΓΓΛΙΑΣ

Εἰς δηλώσεις του πρὸς τοὺς δημοσιογράφους ὁ ἀρμόδιος ὑπουργὸς ἐτόνισεν ὅτι ἡ κυβέρνησις δὲν προτίθεται νὰ προβῇ εἰς οὐδεμίαν ἐνέργειαν πρὸ τῆς ὁριστικῆς ἀποφάσεως τῆς Ἱερᾶς Συνόδου, ἐνῷ κατὰ τὰς πληροφορίας μας αἱ διαπραγματεύσεις συνεχίζονται καὶ σήμερον μὲ τὴν συμμετοχὴν τῶν ἁρμοδίων παραγόντων, οἱ ὁποῖοι ἐξέφρασαν τὴν ἀνησυχίαν των διὰ τὴν ἐξέλιξιν τῆς ὑποθέσεως καὶ τὰς συνεπείας της ἐπὶ τῆς δημοσίας ζωῆς τῆς χώρας.

Εἰς δηλώσεις του πρὸς τοὺς δημοσιογράφους ὁ ἀρμόδιος ὑπουργὸς ἐτόνισεν ὅτι ἡ κυβέρνησις δὲν προτίθεται νὰ προβῇ εἰς οὐδεμίαν ἐνέργειαν πρὸ τῆς ὁριστικῆς ἀποφάσεως τῆς Ἱερᾶς Συνόδου, ἐνῷ κατὰ τὰς πληροφορίας μας αἱ διαπραγματεύσεις συνεχίζονται καὶ σήμερον μὲ τὴν συμμετοχὴν τῶν ἁρμοδίων παραγόντων, οἱ ὁποῖοι ἐξέφρασαν τὴν ἀνησυχίαν των διὰ τὴν ἐξέλιξιν τῆς ὑποθέσεως καὶ τὰς συνεπείας της ἐπὶ τῆς δημοσίας ζωῆς τῆς χώρας.

Ο ΜΑΚΑΡΙΟΣ ΕΙΣ ΚΑΪΡΟΝ

ΚΑΪΡΟΝ, 28. (Ἀθην. Τύπος).— Εἰς δηλώσεις του πρὸς τοὺς δημοσιογράφους ὁ ἀρμόδιος ὑπουργὸς ἐτόνισεν ὅτι ἡ κυβέρνησις δὲν προτίθεται νὰ προβῇ εἰς οὐδεμίαν ἐνέργειαν πρὸ τῆς ὁριστικῆς ἀποφάσεως τῆς Ἱερᾶς Συνόδου, ἐνῷ κατὰ τὰς πληροφορίας μας αἱ διαπραγματεύσεις συνεχίζονται καὶ σήμερον μὲ τὴν συμμετοχὴν τῶν ἁρμοδίων παραγόντων, οἱ ὁποῖοι ἐξέφρασαν τὴν ἀνησυχίαν των διὰ τὴν ἐξέλιξιν τῆς ὑποθέσεως καὶ τὰς συνεπείας της ἐπὶ τῆς δημοσίας ζωῆς τῆς χώρας.

Η ΤΟΥΡΚΙΑ ΦΟΒΟΥΜΕΝΗ ΡΩΣΙΚΗΝ ΑΝΤΙΔΡΑΣΙΝ ΑΠΗΓΟΡΕΥΣΕΝ ΕΙΣ ΑΜΕΡΙΚΑΝΙΚΟΝ ΣΚΑΦΟΣ ΝΑ ΔΙΕΛΘΗ ΔΙΑ ΤΩΝ ΣΤΕΝΩΝ ΤΟΥ ΒΟΣΠΟΡΟΥ

ΚΩΝΣΤΑΝΤΙΝΟΥΠΟΛΙΣ, 28. (Τοῦ ἀνταποκριτοῦ μας).— Εἰς δηλώσεις του πρὸς τοὺς δημοσιογράφους ὁ ἀρμόδιος ὑπουργὸς ἐτόνισεν ὅτι ἡ κυβέρνησις δὲν προτίθεται νὰ προβῇ εἰς οὐδεμίαν ἐνέργειαν πρὸ τῆς ὁριστικῆς ἀποφάσεως τῆς Ἱερᾶς Συνόδου, ἐνῷ κατὰ τὰς πληροφορίας μας αἱ διαπραγματεύσεις συνεχίζονται καὶ σήμερον μὲ τὴν συμμετοχὴν τῶν ἁρμοδίων παραγόντων, οἱ ὁποῖοι ἐξέφρασαν τὴν ἀνησυχίαν των διὰ τὴν ἐξέλιξιν τῆς ὑποθέσεως καὶ τὰς συνεπείας της ἐπὶ τῆς δημοσίας ζωῆς τῆς χώρας.

Εἰς δηλώσεις του πρὸς τοὺς δημοσιογράφους ὁ ἀρμόδιος ὑπουργὸς ἐτόνισεν ὅτι ἡ κυβέρνησις δὲν προτίθεται νὰ προβῇ εἰς οὐδεμίαν ἐνέργειαν πρὸ τῆς ὁριστικῆς ἀποφάσεως τῆς Ἱερᾶς Συνόδου, ἐνῷ κατὰ τὰς πληροφορίας μας αἱ διαπραγματεύσεις συνεχίζονται καὶ σήμερον μὲ τὴν συμμετοχὴν τῶν ἁρμοδίων παραγόντων, οἱ ὁποῖοι ἐξέφρασαν τὴν ἀνησυχίαν των διὰ τὴν ἐξέλιξιν τῆς ὑποθέσεως καὶ τὰς συνεπείας της ἐπὶ τῆς δημοσίας ζωῆς τῆς χώρας.

Εἰς δηλώσεις του πρὸς τοὺς δημοσιογράφους ὁ ἀρμόδιος ὑπουργὸς ἐτόνισεν ὅτι ἡ κυβέρνησις δὲν προτίθεται νὰ προβῇ εἰς οὐδεμίαν ἐνέργειαν πρὸ τῆς ὁριστικῆς ἀποφάσεως τῆς Ἱερᾶς Συνόδου, ἐνῷ κατὰ τὰς πληροφορίας μας αἱ διαπραγματεύσεις συνεχίζονται καὶ σήμερον μὲ τὴν συμμετοχὴν τῶν ἁρμοδίων παραγόντων, οἱ ὁποῖοι ἐξέφρασαν τὴν ἀνησυχίαν των διὰ τὴν ἐξέλιξιν τῆς ὑποθέσεως καὶ τὰς συνεπείας της ἐπὶ τῆς δημοσίας ζωῆς τῆς χώρας.

Εἰς δηλώσεις του πρὸς τοὺς δημοσιογράφους ὁ ἀρμόδιος ὑπουργὸς ἐτόνισεν ὅτι ἡ κυβέρνησις δὲν προτίθεται νὰ προβῇ εἰς οὐδεμίαν ἐνέργειαν πρὸ τῆς ὁριστικῆς ἀποφάσεως τῆς Ἱερᾶς Συνόδου, ἐνῷ κατὰ τὰς πληροφορίας μας αἱ διαπραγματεύσεις συνεχίζονται καὶ σήμερον μὲ τὴν συμμετοχὴν τῶν ἁρμοδίων παραγόντων, οἱ ὁποῖοι ἐξέφρασαν τὴν ἀνησυχίαν των διὰ τὴν ἐξέλιξιν τῆς ὑποθέσεως καὶ τὰς συνεπείας της ἐπὶ τῆς δημοσίας ζωῆς τῆς χώρας.

ΔΙΕΥΚΡΙΝΗΣΙΣ

Εἰς δηλώσεις του πρὸς τοὺς δημοσιογράφους ὁ ἀρμόδιος ὑπουργὸς ἐτόνισεν ὅτι ἡ κυβέρνησις δὲν προτίθεται νὰ προβῇ εἰς οὐδεμίαν ἐνέργειαν πρὸ τῆς ὁριστικῆς ἀποφάσεως τῆς Ἱερᾶς Συνόδου, ἐνῷ κατὰ τὰς πληροφορίας μας αἱ διαπραγματεύσεις συνεχίζονται καὶ σήμερον μὲ τὴν συμμετοχὴν τῶν ἁρμοδίων παραγόντων, οἱ ὁποῖοι ἐξέφρασαν τὴν ἀνησυχίαν των διὰ τὴν ἐξέλιξιν τῆς ὑποθέσεως καὶ τὰς συνεπείας της ἐπὶ τῆς δημοσίας ζωῆς τῆς χώρας.

ΔΥΣΧΕΡΕΣ ΚΑΙ ΕΠΙΚΙΝΔΥΝΟΝ ΚΑΤΑ ΤΟΝ ΘΑΝΤ ΤΟ ΔΗΜΙΟΥΡΓΗΘΕΝ ΘΕΜΑ ΤΗΣ ΝΟΤ. ΡΟΔΕΣΙΑΣ

ΛΟΝΔΙΝΟΝ, 28. (Ρώυτερ).— Εἰς δηλώσεις του πρὸς τοὺς δημοσιογράφους ὁ ἀρμόδιος ὑπουργὸς ἐτόνισεν ὅτι ἡ κυβέρνησις δὲν προτίθεται νὰ προβῇ εἰς οὐδεμίαν ἐνέργειαν πρὸ τῆς ὁριστικῆς ἀποφάσεως τῆς Ἱερᾶς Συνόδου, ἐνῷ κατὰ τὰς πληροφορίας μας αἱ διαπραγματεύσεις συνεχίζονται καὶ σήμερον μὲ τὴν συμμετοχὴν τῶν ἁρμοδίων παραγόντων, οἱ ὁποῖοι ἐξέφρασαν τὴν ἀνησυχίαν των διὰ τὴν ἐξέλιξιν τῆς ὑποθέσεως καὶ τὰς συνεπείας της ἐπὶ τῆς δημοσίας ζωῆς τῆς χώρας.

Εἰς δηλώσεις του πρὸς τοὺς δημοσιογράφους ὁ ἀρμόδιος ὑπουργὸς ἐτόνισεν ὅτι ἡ κυβέρνησις δὲν προτίθεται νὰ προβῇ εἰς οὐδεμίαν ἐνέργειαν πρὸ τῆς ὁριστικῆς ἀποφάσεως τῆς Ἱερᾶς Συνόδου, ἐνῷ κατὰ τὰς πληροφορίας μας αἱ διαπραγματεύσεις συνεχίζονται καὶ σήμερον μὲ τὴν συμμετοχὴν τῶν ἁρμοδίων παραγόντων, οἱ ὁποῖοι ἐξέφρασαν τὴν ἀνησυχίαν των διὰ τὴν ἐξέλιξιν τῆς ὑποθέσεως καὶ τὰς συνεπείας της ἐπὶ τῆς δημοσίας ζωῆς τῆς χώρας.

ΡΩΣΙΚΑ ΣΧΟΛΙΑ

Εἰς δηλώσεις του πρὸς τοὺς δημοσιογράφους ὁ ἀρμόδιος ὑπουργὸς ἐτόνισεν ὅτι ἡ κυβέρνησις δὲν προτίθεται νὰ προβῇ εἰς οὐδεμίαν ἐνέργειαν πρὸ τῆς ὁριστικῆς ἀποφάσεως τῆς Ἱερᾶς Συνόδου, ἐνῷ κατὰ τὰς πληροφορίας μας αἱ διαπραγματεύσεις συνεχίζονται καὶ σήμερον μὲ τὴν συμμετοχὴν τῶν ἁρμοδίων παραγόντων, οἱ ὁποῖοι ἐξέφρασαν τὴν ἀνησυχίαν των διὰ τὴν ἐξέλιξιν τῆς ὑποθέσεως καὶ τὰς συνεπείας της ἐπὶ τῆς δημοσίας ζωῆς τῆς χώρας.

Η ΕΠΑΝΕΝΔΑΡΞΙΣ ΤΩΝ ΣΧΕΣΕΩΝ

Εἰς δηλώσεις του πρὸς τοὺς δημοσιογράφους ὁ ἀρμόδιος ὑπουργὸς ἐτόνισεν ὅτι ἡ κυβέρνησις δὲν προτίθεται νὰ προβῇ εἰς οὐδεμίαν ἐνέργειαν πρὸ τῆς ὁριστικῆς ἀποφάσεως τῆς Ἱερᾶς Συνόδου, ἐνῷ κατὰ τὰς πληροφορίας μας αἱ διαπραγματεύσεις συνεχίζονται καὶ σήμερον μὲ τὴν συμμετοχὴν τῶν ἁρμοδίων παραγόντων, οἱ ὁποῖοι ἐξέφρασαν τὴν ἀνησυχίαν των διὰ τὴν ἐξέλιξιν τῆς ὑποθέσεως καὶ τὰς συνεπείας της ἐπὶ τῆς δημοσίας ζωῆς τῆς χώρας.

ΤΡΕΙΣ ΝΕΚΡΟΙ ΣΥΝΕΠΕΙΑ ΤΡΟΜΑΚΤΙΚΗΣ ΕΚΡΗΞΕΩΣ ΕΙΣ ΜΙΑΝ ΑΜΕΡΙΚΑΝΙΚΗΝ ΑΠΟΘΗΚΗΝ ΠΥΡΟΜΑΧΙΚΩΝ

ΤΣΑΡΛΕΣΤΟΝ, 28. (Ρώυτερ).— Εἰς δηλώσεις του πρὸς τοὺς δημοσιογράφους ὁ ἀρμόδιος ὑπουργὸς ἐτόνισεν ὅτι ἡ κυβέρνησις δὲν προτίθεται νὰ προβῇ εἰς οὐδεμίαν ἐνέργειαν πρὸ τῆς ὁριστικῆς ἀποφάσεως τῆς Ἱερᾶς Συνόδου, ἐνῷ κατὰ τὰς πληροφορίας μας αἱ διαπραγματεύσεις συνεχίζονται καὶ σήμερον μὲ τὴν συμμετοχὴν τῶν ἁρμοδίων παραγόντων, οἱ ὁποῖοι ἐξέφρασαν τὴν ἀνησυχίαν των διὰ τὴν ἐξέλιξιν τῆς ὑποθέσεως καὶ τὰς συνεπείας της ἐπὶ τῆς δημοσίας ζωῆς τῆς χώρας.

Εἰς δηλώσεις του πρὸς τοὺς δημοσιογράφους ὁ ἀρμόδιος ὑπουργὸς ἐτόνισεν ὅτι ἡ κυβέρνησις δὲν προτίθεται νὰ προβῇ εἰς οὐδεμίαν ἐνέργειαν πρὸ τῆς ὁριστικῆς ἀποφάσεως τῆς Ἱερᾶς Συνόδου, ἐνῷ κατὰ τὰς πληροφορίας μας αἱ διαπραγματεύσεις συνεχίζονται καὶ σήμερον μὲ τὴν συμμετοχὴν τῶν ἁρμοδίων παραγόντων, οἱ ὁποῖοι ἐξέφρασαν τὴν ἀνησυχίαν των διὰ τὴν ἐξέλιξιν τῆς ὑποθέσεως καὶ τὰς συνεπείας της ἐπὶ τῆς δημοσίας ζωῆς τῆς χώρας.

ΔΙΕΤΑΧΘΗ ΣΥΝΕΧΙΣΙΣ ΤΗΣ ΠΡΟΑΝΑΚΡΙΣΕΩΣ ΕΠΙ ΤΗΣ ΥΠΟΘΕΣΕΩΣ ΑΠΑΓΩΓΗΣ ΤΟΥ ΜΠΑΡΚΑ
ΕΝΕΤΟΠΙΣΘΗΣΑΝ ΤΑ ΣΥΝΤΡΙΜΜΑΤΑ ΤΟΥ ΑΕΡΟΠΛΑΝΟΥ

Εἰς δηλώσεις του πρὸς τοὺς δημοσιογράφους ὁ ἀρμόδιος ὑπουργὸς ἐτόνισεν ὅτι ἡ κυβέρνησις δὲν προτίθεται νὰ προβῇ εἰς οὐδεμίαν ἐνέργειαν πρὸ τῆς ὁριστικῆς ἀποφάσεως τῆς Ἱερᾶς Συνόδου, ἐνῷ κατὰ τὰς πληροφορίας μας αἱ διαπραγματεύσεις συνεχίζονται καὶ σήμερον μὲ τὴν συμμετοχὴν τῶν ἁρμοδίων παραγόντων, οἱ ὁποῖοι ἐξέφρασαν τὴν ἀνησυχίαν των διὰ τὴν ἐξέλιξιν τῆς ὑποθέσεως καὶ τὰς συνεπείας της ἐπὶ τῆς δημοσίας ζωῆς τῆς χώρας.

Εἰς δηλώσεις του πρὸς τοὺς δημοσιογράφους ὁ ἀρμόδιος ὑπουργὸς ἐτόνισεν ὅτι ἡ κυβέρνησις δὲν προτίθεται νὰ προβῇ εἰς οὐδεμίαν ἐνέργειαν πρὸ τῆς ὁριστικῆς ἀποφάσεως τῆς Ἱερᾶς Συνόδου, ἐνῷ κατὰ τὰς πληροφορίας μας αἱ διαπραγματεύσεις συνεχίζονται καὶ σήμερον μὲ τὴν συμμετοχὴν τῶν ἁρμοδίων παραγόντων, οἱ ὁποῖοι ἐξέφρασαν τὴν ἀνησυχίαν των διὰ τὴν ἐξέλιξιν τῆς ὑποθέσεως καὶ τὰς συνεπείας της ἐπὶ τῆς δημοσίας ζωῆς τῆς χώρας.

ΕΠΙΣΤΡΑΤΕΥΘΗ ΚΥΚΛΟΦΟΡΙΑ ΕΙΣ ΤΗΝ ΒΑΓΔΑΤΗΝ

Εἰς δηλώσεις του πρὸς τοὺς δημοσιογράφους ὁ ἀρμόδιος ὑπουργὸς ἐτόνισεν ὅτι ἡ κυβέρνησις δὲν προτίθεται νὰ προβῇ εἰς οὐδεμίαν ἐνέργειαν πρὸ τῆς ὁριστικῆς ἀποφάσεως τῆς Ἱερᾶς Συνόδου, ἐνῷ κατὰ τὰς πληροφορίας μας αἱ διαπραγματεύσεις συνεχίζονται καὶ σήμερον μὲ τὴν συμμετοχὴν τῶν ἁρμοδίων παραγόντων, οἱ ὁποῖοι ἐξέφρασαν τὴν ἀνησυχίαν των διὰ τὴν ἐξέλιξιν τῆς ὑποθέσεως καὶ τὰς συνεπείας της ἐπὶ τῆς δημοσίας ζωῆς τῆς χώρας.

ΠΑΡΙΣΙΟΙ, 28. (Ρώυτερ).— Εἰς δηλώσεις του πρὸς τοὺς δημοσιογράφους ὁ ἀρμόδιος ὑπουργὸς ἐτόνισεν ὅτι ἡ κυβέρνησις δὲν προτίθεται νὰ προβῇ εἰς οὐδεμίαν ἐνέργειαν πρὸ τῆς ὁριστικῆς ἀποφάσεως τῆς Ἱερᾶς Συνόδου, ἐνῷ κατὰ τὰς πληροφορίας μας αἱ διαπραγματεύσεις συνεχίζονται καὶ σήμερον μὲ τὴν συμμετοχὴν τῶν ἁρμοδίων παραγόντων, οἱ ὁποῖοι ἐξέφρασαν τὴν ἀνησυχίαν των διὰ τὴν ἐξέλιξιν τῆς ὑποθέσεως καὶ τὰς συνεπείας της ἐπὶ τῆς δημοσίας ζωῆς τῆς χώρας.

Εἰς δηλώσεις του πρὸς τοὺς δημοσιογράφους ὁ ἀρμόδιος ὑπουργὸς ἐτόνισεν ὅτι ἡ κυβέρνησις δὲν προτίθεται νὰ προβῇ εἰς οὐδεμίαν ἐνέργειαν πρὸ τῆς ὁριστικῆς ἀποφάσεως τῆς Ἱερᾶς Συνόδου, ἐνῷ κατὰ τὰς πληροφορίας μας αἱ διαπραγματεύσεις συνεχίζονται καὶ σήμερον μὲ τὴν συμμετοχὴν τῶν ἁρμοδίων παραγόντων, οἱ ὁποῖοι ἐξέφρασαν τὴν ἀνησυχίαν των διὰ τὴν ἐξέλιξιν τῆς ὑποθέσεως καὶ τὰς συνεπείας της ἐπὶ τῆς δημοσίας ζωῆς τῆς χώρας.

Εἰς δηλώσεις του πρὸς τοὺς δημοσιογράφους ὁ ἀρμόδιος ὑπουργὸς ἐτόνισεν ὅτι ἡ κυβέρνησις δὲν προτίθεται νὰ προβῇ εἰς οὐδεμίαν ἐνέργειαν πρὸ τῆς ὁριστικῆς ἀποφάσεως τῆς Ἱερᾶς Συνόδου, ἐνῷ κατὰ τὰς πληροφορίας μας αἱ διαπραγματεύσεις συνεχίζονται καὶ σήμερον μὲ τὴν συμμετοχὴν τῶν ἁρμοδίων παραγόντων, οἱ ὁποῖοι ἐξέφρασαν τὴν ἀνησυχίαν των διὰ τὴν ἐξέλιξιν τῆς ὑποθέσεως καὶ τὰς συνεπείας της ἐπὶ τῆς δημοσίας ζωῆς τῆς χώρας.

ΜΙΚΡΑΙ ΕΞΩΤΕΡΙΚΑΙ ΕΙΔΗΣΕΙΣ

Η ΒΟΥΛΓΑΡΙΑ ἐζήτει... Εἰς δηλώσεις του πρὸς τοὺς δημοσιογράφους ὁ ἀρμόδιος ὑπουργὸς ἐτόνισεν ὅτι ἡ κυβέρνησις δὲν προτίθεται νὰ προβῇ εἰς οὐδεμίαν ἐνέργειαν πρὸ τῆς ὁριστικῆς ἀποφάσεως τῆς Ἱερᾶς Συνόδου, ἐνῷ κατὰ τὰς πληροφορίας μας αἱ διαπραγματεύσεις συνεχίζονται καὶ σήμερον μὲ τὴν συμμετοχὴν τῶν ἁρμοδίων παραγόντων, οἱ ὁποῖοι ἐξέφρασαν τὴν ἀνησυχίαν των διὰ τὴν ἐξέλιξιν τῆς ὑποθέσεως καὶ τὰς συνεπείας της ἐπὶ τῆς δημοσίας ζωῆς τῆς χώρας.

Εἰς δηλώσεις του πρὸς τοὺς δημοσιογράφους ὁ ἀρμόδιος ὑπουργὸς ἐτόνισεν ὅτι ἡ κυβέρνησις δὲν προτίθεται νὰ προβῇ εἰς οὐδεμίαν ἐνέργειαν πρὸ τῆς ὁριστικῆς ἀποφάσεως τῆς Ἱερᾶς Συνόδου, ἐνῷ κατὰ τὰς πληροφορίας μας αἱ διαπραγματεύσεις συνεχίζονται καὶ σήμερον μὲ τὴν συμμετοχὴν τῶν ἁρμοδίων παραγόντων, οἱ ὁποῖοι ἐξέφρασαν τὴν ἀνησυχίαν των διὰ τὴν ἐξέλιξιν τῆς ὑποθέσεως καὶ τὰς συνεπείας της ἐπὶ τῆς δημοσίας ζωῆς τῆς χώρας.

Εἰς δηλώσεις του πρὸς τοὺς δημοσιογράφους ὁ ἀρμόδιος ὑπουργὸς ἐτόνισεν ὅτι ἡ κυβέρνησις δὲν προτίθεται νὰ προβῇ εἰς οὐδεμίαν ἐνέργειαν πρὸ τῆς ὁριστικῆς ἀποφάσεως τῆς Ἱερᾶς Συνόδου, ἐνῷ κατὰ τὰς πληροφορίας μας αἱ διαπραγματεύσεις συνεχίζονται καὶ σήμερον μὲ τὴν συμμετοχὴν τῶν ἁρμοδίων παραγόντων, οἱ ὁποῖοι ἐξέφρασαν τὴν ἀνησυχίαν των διὰ τὴν ἐξέλιξιν τῆς ὑποθέσεως καὶ τὰς συνεπείας της ἐπὶ τῆς δημοσίας ζωῆς τῆς χώρας.

Εἰς δηλώσεις του πρὸς τοὺς δημοσιογράφους ὁ ἀρμόδιος ὑπουργὸς ἐτόνισεν ὅτι ἡ κυβέρνησις δὲν προτίθεται νὰ προβῇ εἰς οὐδεμίαν ἐνέργειαν πρὸ τῆς ὁριστικῆς ἀποφάσεως τῆς Ἱερᾶς Συνόδου, ἐνῷ κατὰ τὰς πληροφορίας μας αἱ διαπραγματεύσεις συνεχίζονται καὶ σήμερον μὲ τὴν συμμετοχὴν τῶν ἁρμοδίων παραγόντων, οἱ ὁποῖοι ἐξέφρασαν τὴν ἀνησυχίαν των διὰ τὴν ἐξέλιξιν τῆς ὑποθέσεως καὶ τὰς συνεπείας της ἐπὶ τῆς δημοσίας ζωῆς τῆς χώρας.

Εἰς δηλώσεις του πρὸς τοὺς δημοσιογράφους ὁ ἀρμόδιος ὑπουργὸς ἐτόνισεν ὅτι ἡ κυβέρνησις δὲν προτίθεται νὰ προβῇ εἰς οὐδεμίαν ἐνέργειαν πρὸ τῆς ὁριστικῆς ἀποφάσεως τῆς Ἱερᾶς Συνόδου, ἐνῷ κατὰ τὰς πληροφορίας μας αἱ διαπραγματεύσεις συνεχίζονται καὶ σήμερον μὲ τὴν συμμετοχὴν τῶν ἁρμοδίων παραγόντων, οἱ ὁποῖοι ἐξέφρασαν τὴν ἀνησυχίαν των διὰ τὴν ἐξέλιξιν τῆς ὑποθέσεως καὶ τὰς συνεπείας της ἐπὶ τῆς δημοσίας ζωῆς τῆς χώρας.

Ο ΤΟΥΡΚΟΣ ΥΠΟΥΡΓΟΣ Εἰς δηλώσεις του πρὸς τοὺς δημοσιογράφους ὁ ἀρμόδιος ὑπουργὸς ἐτόνισεν ὅτι ἡ κυβέρνησις δὲν προτίθεται νὰ προβῇ εἰς οὐδεμίαν ἐνέργειαν πρὸ τῆς ὁριστικῆς ἀποφάσεως τῆς Ἱερᾶς Συνόδου, ἐνῷ κατὰ τὰς πληροφορίας μας αἱ διαπραγματεύσεις συνεχίζονται καὶ σήμερον μὲ τὴν συμμετοχὴν τῶν ἁρμοδίων παραγόντων, οἱ ὁποῖοι ἐξέφρασαν τὴν ἀνησυχίαν των διὰ τὴν ἐξέλιξιν τῆς ὑποθέσεως καὶ τὰς συνεπείας της ἐπὶ τῆς δημοσίας ζωῆς τῆς χώρας.
